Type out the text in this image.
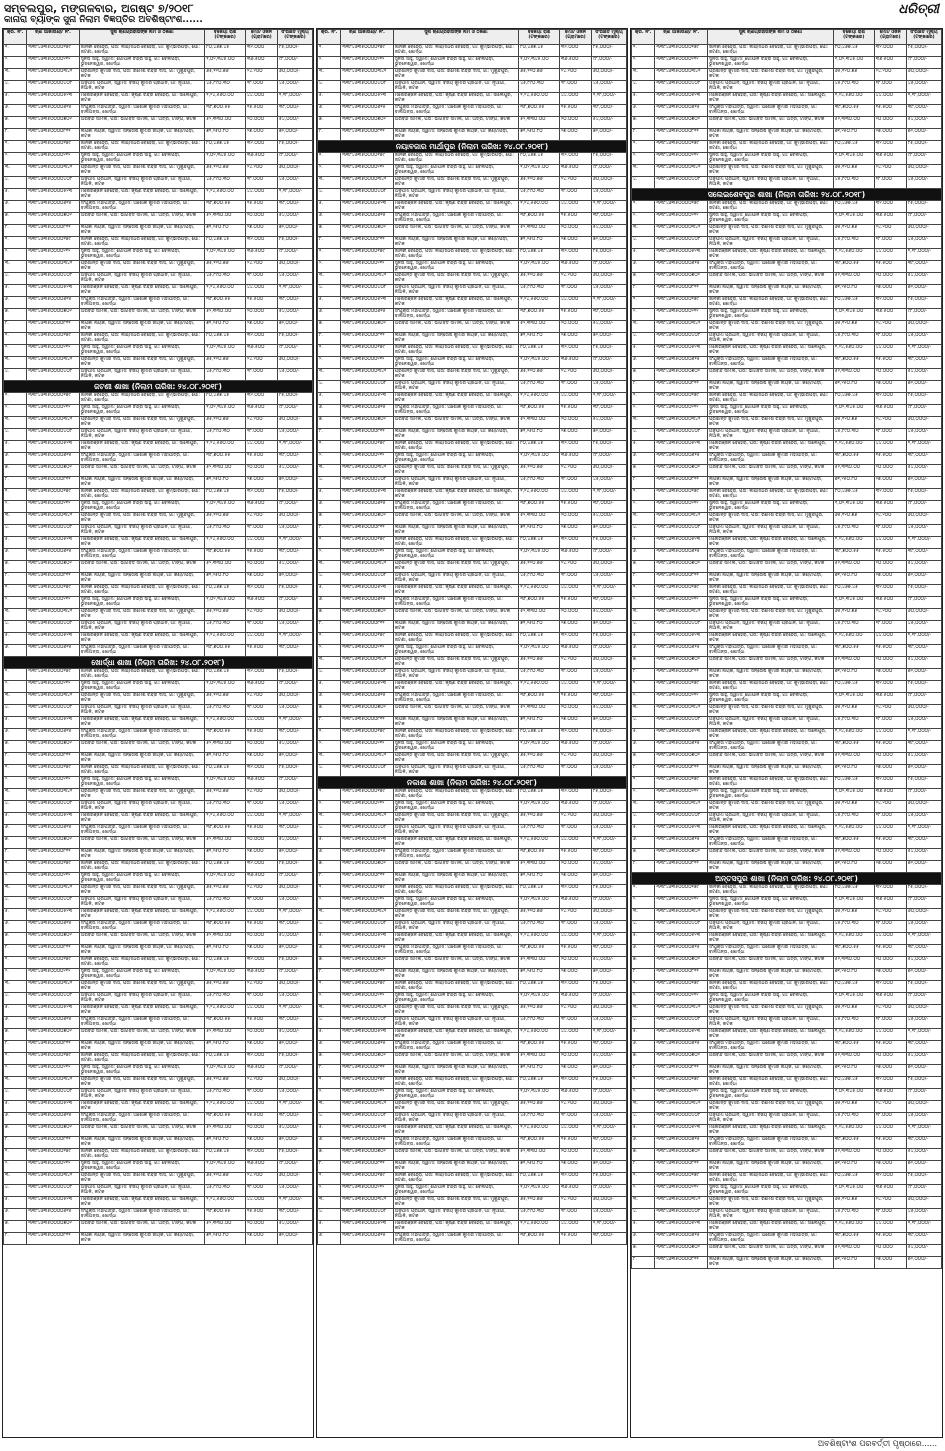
ସମ୍ବଲପୁର, ମଙ୍ଗଳବାର, ଅଗଷ୍ଟ ୭/୨୦୧୮
କାନାରା ବ୍ୟାଙ୍କ ସୁନା ନିଲାମ ବିଜ୍ଞପ୍ତିର ଅବଶିଷ୍ଟାଂଶ......
ଧରିତ୍ରୀ
କ୍ର. ନଂ.	ଋଣ ଆକାଉଣ୍ଟ ନଂ.	ସୁନା ଋଣଗ୍ରହୀତାଙ୍କ ନାମ ଓ ଠିକଣା	ବକେୟା ରାଶି (ଟଙ୍କାରେ)	ମୋଟ ଓଜନ (ଗ୍ରାମରେ)	ସଂରକ୍ଷିତ ମୂଲ୍ୟ (ଟଙ୍କାରେ)
୧.	୩୩୮୪୬୩୫୦୦୦୦୧୭୯	ଜାନକୀ ବେହେରା, ପିତା: ଲକ୍ଷ୍ମୀଧର ବେହେରା, ଗାଁ: କୁମ୍ଭାରପଡ଼ା, ପୋ: ଜଟଣୀ, ଖୋର୍ଦ୍ଧା	୮୦,୪୬୭.୪୫	୩୨.୦୦୦	୮୫,୦୦୦/-
୨.	୩୩୮୪୬୩୫୦୦୦୦୨୧୨	ସୁନିତା ସାହୁ, ସ୍ୱାମୀ: ଗୋପାଳ ଚନ୍ଦ୍ର ସାହୁ, ଗାଁ: ବେଲପଡ଼ା, ଭୁବନେଶ୍ୱର, ଖୋର୍ଦ୍ଧା	୧,୦୨,୩୪୫.୦୦	୩୬.୫୦୦	୯୮,୦୦୦/-
୩.	୩୩୮୪୬୩୫୦୦୦୦୩୪୧	ପ୍ରଶାନ୍ତ କୁମାର ଦାସ, ପିତା: ରମେଶ ଚନ୍ଦ୍ର ଦାସ, ଗାଁ: ମୁକୁନ୍ଦପୁର, କଟକ	୬୫,୧୨୦.୭୬	୨୪.୨୦୦	୬୦,୦୦୦/-
୪.	୩୩୮୪୬୩୫୦୦୦୦୪୦୮	ଅନୁପମା ପ୍ରଧାନ, ସ୍ୱାମୀ: ବିଜୟ କୁମାର ପ୍ରଧାନ, ଗାଁ: ନୂଆଗାଁ, ନିଆଳି, କଟକ	୪୫,୮୯୦.୩୦	୧୮.୦୦୦	୪୫,୦୦୦/-
୫.	୩୩୮୪୬୩୫୦୦୦୦୫୨୩	ମନୋରଞ୍ଜନ ବେହେରା, ପିତା: କୃଷ୍ଣ ଚନ୍ଦ୍ର ବେହେରା, ଗାଁ: ସାଲେପୁର, କଟକ	୧,୨୪,୫୬୦.୦୦	୪୪.୦୦୦	୧,୧୮,୦୦୦/-
୬.	୩୩୮୪୬୩୫୦୦୦୦୬୧୫	ସଂଯୁକ୍ତା ମହାପାତ୍ର, ସ୍ୱାମୀ: ଅଶୋକ କୁମାର ମହାପାତ୍ର, ଗାଁ: ବାଲିଅନ୍ତା, ଖୋର୍ଦ୍ଧା	୩୮,୭୦୦.୫୫	୧୫.୫୦୦	୩୮,୦୦୦/-
୭.	୩୩୮୪୬୩୫୦୦୦୦୭୦୨	ଅରବିନ୍ଦ ସାମଲ, ପିତା: ଭାଗବତ ସାମଲ, ଗାଁ: ଅତ୍ରି, ଟାଙ୍ଗି, କଟକ	୫୨,୩୩୦.୦୦	୨୦.୦୦୦	୫୪,୦୦୦/-
୮.	୩୩୮୪୬୩୫୦୦୦୦୮୧୧	ଲିପିକା ନାୟକ, ସ୍ୱାମୀ: ସନ୍ତୋଷ କୁମାର ନାୟକ, ଗାଁ: କଣ୍ଟାପଡ଼ା, କଟକ	୭୧,୨୫୦.୮୦	୨୭.୦୦୦	୭୨,୦୦୦/-
୧.	୩୩୮୪୬୩୫୦୦୦୦୧୭୯	ଜାନକୀ ବେହେରା, ପିତା: ଲକ୍ଷ୍ମୀଧର ବେହେରା, ଗାଁ: କୁମ୍ଭାରପଡ଼ା, ପୋ: ଜଟଣୀ, ଖୋର୍ଦ୍ଧା	୮୦,୪୬୭.୪୫	୩୨.୦୦୦	୮୫,୦୦୦/-
୨.	୩୩୮୪୬୩୫୦୦୦୦୨୧୨	ସୁନିତା ସାହୁ, ସ୍ୱାମୀ: ଗୋପାଳ ଚନ୍ଦ୍ର ସାହୁ, ଗାଁ: ବେଲପଡ଼ା, ଭୁବନେଶ୍ୱର, ଖୋର୍ଦ୍ଧା	୧,୦୨,୩୪୫.୦୦	୩୬.୫୦୦	୯୮,୦୦୦/-
୩.	୩୩୮୪୬୩୫୦୦୦୦୩୪୧	ପ୍ରଶାନ୍ତ କୁମାର ଦାସ, ପିତା: ରମେଶ ଚନ୍ଦ୍ର ଦାସ, ଗାଁ: ମୁକୁନ୍ଦପୁର, କଟକ	୬୫,୧୨୦.୭୬	୨୪.୨୦୦	୬୦,୦୦୦/-
୪.	୩୩୮୪୬୩୫୦୦୦୦୪୦୮	ଅନୁପମା ପ୍ରଧାନ, ସ୍ୱାମୀ: ବିଜୟ କୁମାର ପ୍ରଧାନ, ଗାଁ: ନୂଆଗାଁ, ନିଆଳି, କଟକ	୪୫,୮୯୦.୩୦	୧୮.୦୦୦	୪୫,୦୦୦/-
୫.	୩୩୮୪୬୩୫୦୦୦୦୫୨୩	ମନୋରଞ୍ଜନ ବେହେରା, ପିତା: କୃଷ୍ଣ ଚନ୍ଦ୍ର ବେହେରା, ଗାଁ: ସାଲେପୁର, କଟକ	୧,୨୪,୫୬୦.୦୦	୪୪.୦୦୦	୧,୧୮,୦୦୦/-
୬.	୩୩୮୪୬୩୫୦୦୦୦୬୧୫	ସଂଯୁକ୍ତା ମହାପାତ୍ର, ସ୍ୱାମୀ: ଅଶୋକ କୁମାର ମହାପାତ୍ର, ଗାଁ: ବାଲିଅନ୍ତା, ଖୋର୍ଦ୍ଧା	୩୮,୭୦୦.୫୫	୧୫.୫୦୦	୩୮,୦୦୦/-
୭.	୩୩୮୪୬୩୫୦୦୦୦୭୦୨	ଅରବିନ୍ଦ ସାମଲ, ପିତା: ଭାଗବତ ସାମଲ, ଗାଁ: ଅତ୍ରି, ଟାଙ୍ଗି, କଟକ	୫୨,୩୩୦.୦୦	୨୦.୦୦୦	୫୪,୦୦୦/-
୮.	୩୩୮୪୬୩୫୦୦୦୦୮୧୧	ଲିପିକା ନାୟକ, ସ୍ୱାମୀ: ସନ୍ତୋଷ କୁମାର ନାୟକ, ଗାଁ: କଣ୍ଟାପଡ଼ା, କଟକ	୭୧,୨୫୦.୮୦	୨୭.୦୦୦	୭୨,୦୦୦/-
୧.	୩୩୮୪୬୩୫୦୦୦୦୧୭୯	ଜାନକୀ ବେହେରା, ପିତା: ଲକ୍ଷ୍ମୀଧର ବେହେରା, ଗାଁ: କୁମ୍ଭାରପଡ଼ା, ପୋ: ଜଟଣୀ, ଖୋର୍ଦ୍ଧା	୮୦,୪୬୭.୪୫	୩୨.୦୦୦	୮୫,୦୦୦/-
୨.	୩୩୮୪୬୩୫୦୦୦୦୨୧୨	ସୁନିତା ସାହୁ, ସ୍ୱାମୀ: ଗୋପାଳ ଚନ୍ଦ୍ର ସାହୁ, ଗାଁ: ବେଲପଡ଼ା, ଭୁବନେଶ୍ୱର, ଖୋର୍ଦ୍ଧା	୧,୦୨,୩୪୫.୦୦	୩୬.୫୦୦	୯୮,୦୦୦/-
୩.	୩୩୮୪୬୩୫୦୦୦୦୩୪୧	ପ୍ରଶାନ୍ତ କୁମାର ଦାସ, ପିତା: ରମେଶ ଚନ୍ଦ୍ର ଦାସ, ଗାଁ: ମୁକୁନ୍ଦପୁର, କଟକ	୬୫,୧୨୦.୭୬	୨୪.୨୦୦	୬୦,୦୦୦/-
୪.	୩୩୮୪୬୩୫୦୦୦୦୪୦୮	ଅନୁପମା ପ୍ରଧାନ, ସ୍ୱାମୀ: ବିଜୟ କୁମାର ପ୍ରଧାନ, ଗାଁ: ନୂଆଗାଁ, ନିଆଳି, କଟକ	୪୫,୮୯୦.୩୦	୧୮.୦୦୦	୪୫,୦୦୦/-
୫.	୩୩୮୪୬୩୫୦୦୦୦୫୨୩	ମନୋରଞ୍ଜନ ବେହେରା, ପିତା: କୃଷ୍ଣ ଚନ୍ଦ୍ର ବେହେରା, ଗାଁ: ସାଲେପୁର, କଟକ	୧,୨୪,୫୬୦.୦୦	୪୪.୦୦୦	୧,୧୮,୦୦୦/-
୬.	୩୩୮୪୬୩୫୦୦୦୦୬୧୫	ସଂଯୁକ୍ତା ମହାପାତ୍ର, ସ୍ୱାମୀ: ଅଶୋକ କୁମାର ମହାପାତ୍ର, ଗାଁ: ବାଲିଅନ୍ତା, ଖୋର୍ଦ୍ଧା	୩୮,୭୦୦.୫୫	୧୫.୫୦୦	୩୮,୦୦୦/-
୭.	୩୩୮୪୬୩୫୦୦୦୦୭୦୨	ଅରବିନ୍ଦ ସାମଲ, ପିତା: ଭାଗବତ ସାମଲ, ଗାଁ: ଅତ୍ରି, ଟାଙ୍ଗି, କଟକ	୫୨,୩୩୦.୦୦	୨୦.୦୦୦	୫୪,୦୦୦/-
୮.	୩୩୮୪୬୩୫୦୦୦୦୮୧୧	ଲିପିକା ନାୟକ, ସ୍ୱାମୀ: ସନ୍ତୋଷ କୁମାର ନାୟକ, ଗାଁ: କଣ୍ଟାପଡ଼ା, କଟକ	୭୧,୨୫୦.୮୦	୨୭.୦୦୦	୭୨,୦୦୦/-
୧.	୩୩୮୪୬୩୫୦୦୦୦୧୭୯	ଜାନକୀ ବେହେରା, ପିତା: ଲକ୍ଷ୍ମୀଧର ବେହେରା, ଗାଁ: କୁମ୍ଭାରପଡ଼ା, ପୋ: ଜଟଣୀ, ଖୋର୍ଦ୍ଧା	୮୦,୪୬୭.୪୫	୩୨.୦୦୦	୮୫,୦୦୦/-
୨.	୩୩୮୪୬୩୫୦୦୦୦୨୧୨	ସୁନିତା ସାହୁ, ସ୍ୱାମୀ: ଗୋପାଳ ଚନ୍ଦ୍ର ସାହୁ, ଗାଁ: ବେଲପଡ଼ା, ଭୁବନେଶ୍ୱର, ଖୋର୍ଦ୍ଧା	୧,୦୨,୩୪୫.୦୦	୩୬.୫୦୦	୯୮,୦୦୦/-
୩.	୩୩୮୪୬୩୫୦୦୦୦୩୪୧	ପ୍ରଶାନ୍ତ କୁମାର ଦାସ, ପିତା: ରମେଶ ଚନ୍ଦ୍ର ଦାସ, ଗାଁ: ମୁକୁନ୍ଦପୁର, କଟକ	୬୫,୧୨୦.୭୬	୨୪.୨୦୦	୬୦,୦୦୦/-
୪.	୩୩୮୪୬୩୫୦୦୦୦୪୦୮	ଅନୁପମା ପ୍ରଧାନ, ସ୍ୱାମୀ: ବିଜୟ କୁମାର ପ୍ରଧାନ, ଗାଁ: ନୂଆଗାଁ, ନିଆଳି, କଟକ	୪୫,୮୯୦.୩୦	୧୮.୦୦୦	୪୫,୦୦୦/-
ଜଟଣୀ ଶାଖା (ନିଲାମ ତାରିଖ: ୨୪.୦୮.୨୦୧୮)					
୧.	୩୩୮୪୬୩୫୦୦୦୦୧୭୯	ଜାନକୀ ବେହେରା, ପିତା: ଲକ୍ଷ୍ମୀଧର ବେହେରା, ଗାଁ: କୁମ୍ଭାରପଡ଼ା, ପୋ: ଜଟଣୀ, ଖୋର୍ଦ୍ଧା	୮୦,୪୬୭.୪୫	୩୨.୦୦୦	୮୫,୦୦୦/-
୨.	୩୩୮୪୬୩୫୦୦୦୦୨୧୨	ସୁନିତା ସାହୁ, ସ୍ୱାମୀ: ଗୋପାଳ ଚନ୍ଦ୍ର ସାହୁ, ଗାଁ: ବେଲପଡ଼ା, ଭୁବନେଶ୍ୱର, ଖୋର୍ଦ୍ଧା	୧,୦୨,୩୪୫.୦୦	୩୬.୫୦୦	୯୮,୦୦୦/-
୩.	୩୩୮୪୬୩୫୦୦୦୦୩୪୧	ପ୍ରଶାନ୍ତ କୁମାର ଦାସ, ପିତା: ରମେଶ ଚନ୍ଦ୍ର ଦାସ, ଗାଁ: ମୁକୁନ୍ଦପୁର, କଟକ	୬୫,୧୨୦.୭୬	୨୪.୨୦୦	୬୦,୦୦୦/-
୪.	୩୩୮୪୬୩୫୦୦୦୦୪୦୮	ଅନୁପମା ପ୍ରଧାନ, ସ୍ୱାମୀ: ବିଜୟ କୁମାର ପ୍ରଧାନ, ଗାଁ: ନୂଆଗାଁ, ନିଆଳି, କଟକ	୪୫,୮୯୦.୩୦	୧୮.୦୦୦	୪୫,୦୦୦/-
୫.	୩୩୮୪୬୩୫୦୦୦୦୫୨୩	ମନୋରଞ୍ଜନ ବେହେରା, ପିତା: କୃଷ୍ଣ ଚନ୍ଦ୍ର ବେହେରା, ଗାଁ: ସାଲେପୁର, କଟକ	୧,୨୪,୫୬୦.୦୦	୪୪.୦୦୦	୧,୧୮,୦୦୦/-
୬.	୩୩୮୪୬୩୫୦୦୦୦୬୧୫	ସଂଯୁକ୍ତା ମହାପାତ୍ର, ସ୍ୱାମୀ: ଅଶୋକ କୁମାର ମହାପାତ୍ର, ଗାଁ: ବାଲିଅନ୍ତା, ଖୋର୍ଦ୍ଧା	୩୮,୭୦୦.୫୫	୧୫.୫୦୦	୩୮,୦୦୦/-
୭.	୩୩୮୪୬୩୫୦୦୦୦୭୦୨	ଅରବିନ୍ଦ ସାମଲ, ପିତା: ଭାଗବତ ସାମଲ, ଗାଁ: ଅତ୍ରି, ଟାଙ୍ଗି, କଟକ	୫୨,୩୩୦.୦୦	୨୦.୦୦୦	୫୪,୦୦୦/-
୮.	୩୩୮୪୬୩୫୦୦୦୦୮୧୧	ଲିପିକା ନାୟକ, ସ୍ୱାମୀ: ସନ୍ତୋଷ କୁମାର ନାୟକ, ଗାଁ: କଣ୍ଟାପଡ଼ା, କଟକ	୭୧,୨୫୦.୮୦	୨୭.୦୦୦	୭୨,୦୦୦/-
୧.	୩୩୮୪୬୩୫୦୦୦୦୧୭୯	ଜାନକୀ ବେହେରା, ପିତା: ଲକ୍ଷ୍ମୀଧର ବେହେରା, ଗାଁ: କୁମ୍ଭାରପଡ଼ା, ପୋ: ଜଟଣୀ, ଖୋର୍ଦ୍ଧା	୮୦,୪୬୭.୪୫	୩୨.୦୦୦	୮୫,୦୦୦/-
୨.	୩୩୮୪୬୩୫୦୦୦୦୨୧୨	ସୁନିତା ସାହୁ, ସ୍ୱାମୀ: ଗୋପାଳ ଚନ୍ଦ୍ର ସାହୁ, ଗାଁ: ବେଲପଡ଼ା, ଭୁବନେଶ୍ୱର, ଖୋର୍ଦ୍ଧା	୧,୦୨,୩୪୫.୦୦	୩୬.୫୦୦	୯୮,୦୦୦/-
୩.	୩୩୮୪୬୩୫୦୦୦୦୩୪୧	ପ୍ରଶାନ୍ତ କୁମାର ଦାସ, ପିତା: ରମେଶ ଚନ୍ଦ୍ର ଦାସ, ଗାଁ: ମୁକୁନ୍ଦପୁର, କଟକ	୬୫,୧୨୦.୭୬	୨୪.୨୦୦	୬୦,୦୦୦/-
୪.	୩୩୮୪୬୩୫୦୦୦୦୪୦୮	ଅନୁପମା ପ୍ରଧାନ, ସ୍ୱାମୀ: ବିଜୟ କୁମାର ପ୍ରଧାନ, ଗାଁ: ନୂଆଗାଁ, ନିଆଳି, କଟକ	୪୫,୮୯୦.୩୦	୧୮.୦୦୦	୪୫,୦୦୦/-
୫.	୩୩୮୪୬୩୫୦୦୦୦୫୨୩	ମନୋରଞ୍ଜନ ବେହେରା, ପିତା: କୃଷ୍ଣ ଚନ୍ଦ୍ର ବେହେରା, ଗାଁ: ସାଲେପୁର, କଟକ	୧,୨୪,୫୬୦.୦୦	୪୪.୦୦୦	୧,୧୮,୦୦୦/-
୬.	୩୩୮୪୬୩୫୦୦୦୦୬୧୫	ସଂଯୁକ୍ତା ମହାପାତ୍ର, ସ୍ୱାମୀ: ଅଶୋକ କୁମାର ମହାପାତ୍ର, ଗାଁ: ବାଲିଅନ୍ତା, ଖୋର୍ଦ୍ଧା	୩୮,୭୦୦.୫୫	୧୫.୫୦୦	୩୮,୦୦୦/-
୭.	୩୩୮୪୬୩୫୦୦୦୦୭୦୨	ଅରବିନ୍ଦ ସାମଲ, ପିତା: ଭାଗବତ ସାମଲ, ଗାଁ: ଅତ୍ରି, ଟାଙ୍ଗି, କଟକ	୫୨,୩୩୦.୦୦	୨୦.୦୦୦	୫୪,୦୦୦/-
୮.	୩୩୮୪୬୩୫୦୦୦୦୮୧୧	ଲିପିକା ନାୟକ, ସ୍ୱାମୀ: ସନ୍ତୋଷ କୁମାର ନାୟକ, ଗାଁ: କଣ୍ଟାପଡ଼ା, କଟକ	୭୧,୨୫୦.୮୦	୨୭.୦୦୦	୭୨,୦୦୦/-
୧.	୩୩୮୪୬୩୫୦୦୦୦୧୭୯	ଜାନକୀ ବେହେରା, ପିତା: ଲକ୍ଷ୍ମୀଧର ବେହେରା, ଗାଁ: କୁମ୍ଭାରପଡ଼ା, ପୋ: ଜଟଣୀ, ଖୋର୍ଦ୍ଧା	୮୦,୪୬୭.୪୫	୩୨.୦୦୦	୮୫,୦୦୦/-
୨.	୩୩୮୪୬୩୫୦୦୦୦୨୧୨	ସୁନିତା ସାହୁ, ସ୍ୱାମୀ: ଗୋପାଳ ଚନ୍ଦ୍ର ସାହୁ, ଗାଁ: ବେଲପଡ଼ା, ଭୁବନେଶ୍ୱର, ଖୋର୍ଦ୍ଧା	୧,୦୨,୩୪୫.୦୦	୩୬.୫୦୦	୯୮,୦୦୦/-
୩.	୩୩୮୪୬୩୫୦୦୦୦୩୪୧	ପ୍ରଶାନ୍ତ କୁମାର ଦାସ, ପିତା: ରମେଶ ଚନ୍ଦ୍ର ଦାସ, ଗାଁ: ମୁକୁନ୍ଦପୁର, କଟକ	୬୫,୧୨୦.୭୬	୨୪.୨୦୦	୬୦,୦୦୦/-
୪.	୩୩୮୪୬୩୫୦୦୦୦୪୦୮	ଅନୁପମା ପ୍ରଧାନ, ସ୍ୱାମୀ: ବିଜୟ କୁମାର ପ୍ରଧାନ, ଗାଁ: ନୂଆଗାଁ, ନିଆଳି, କଟକ	୪୫,୮୯୦.୩୦	୧୮.୦୦୦	୪୫,୦୦୦/-
୫.	୩୩୮୪୬୩୫୦୦୦୦୫୨୩	ମନୋରଞ୍ଜନ ବେହେରା, ପିତା: କୃଷ୍ଣ ଚନ୍ଦ୍ର ବେହେରା, ଗାଁ: ସାଲେପୁର, କଟକ	୧,୨୪,୫୬୦.୦୦	୪୪.୦୦୦	୧,୧୮,୦୦୦/-
୬.	୩୩୮୪୬୩୫୦୦୦୦୬୧୫	ସଂଯୁକ୍ତା ମହାପାତ୍ର, ସ୍ୱାମୀ: ଅଶୋକ କୁମାର ମହାପାତ୍ର, ଗାଁ: ବାଲିଅନ୍ତା, ଖୋର୍ଦ୍ଧା	୩୮,୭୦୦.୫୫	୧୫.୫୦୦	୩୮,୦୦୦/-
ଖୋର୍ଦ୍ଧା ଶାଖା (ନିଲାମ ତାରିଖ: ୨୪.୦୮.୨୦୧୮)					
୧.	୩୩୮୪୬୩୫୦୦୦୦୧୭୯	ଜାନକୀ ବେହେରା, ପିତା: ଲକ୍ଷ୍ମୀଧର ବେହେରା, ଗାଁ: କୁମ୍ଭାରପଡ଼ା, ପୋ: ଜଟଣୀ, ଖୋର୍ଦ୍ଧା	୮୦,୪୬୭.୪୫	୩୨.୦୦୦	୮୫,୦୦୦/-
୨.	୩୩୮୪୬୩୫୦୦୦୦୨୧୨	ସୁନିତା ସାହୁ, ସ୍ୱାମୀ: ଗୋପାଳ ଚନ୍ଦ୍ର ସାହୁ, ଗାଁ: ବେଲପଡ଼ା, ଭୁବନେଶ୍ୱର, ଖୋର୍ଦ୍ଧା	୧,୦୨,୩୪୫.୦୦	୩୬.୫୦୦	୯୮,୦୦୦/-
୩.	୩୩୮୪୬୩୫୦୦୦୦୩୪୧	ପ୍ରଶାନ୍ତ କୁମାର ଦାସ, ପିତା: ରମେଶ ଚନ୍ଦ୍ର ଦାସ, ଗାଁ: ମୁକୁନ୍ଦପୁର, କଟକ	୬୫,୧୨୦.୭୬	୨୪.୨୦୦	୬୦,୦୦୦/-
୪.	୩୩୮୪୬୩୫୦୦୦୦୪୦୮	ଅନୁପମା ପ୍ରଧାନ, ସ୍ୱାମୀ: ବିଜୟ କୁମାର ପ୍ରଧାନ, ଗାଁ: ନୂଆଗାଁ, ନିଆଳି, କଟକ	୪୫,୮୯୦.୩୦	୧୮.୦୦୦	୪୫,୦୦୦/-
୫.	୩୩୮୪୬୩୫୦୦୦୦୫୨୩	ମନୋରଞ୍ଜନ ବେହେରା, ପିତା: କୃଷ୍ଣ ଚନ୍ଦ୍ର ବେହେରା, ଗାଁ: ସାଲେପୁର, କଟକ	୧,୨୪,୫୬୦.୦୦	୪୪.୦୦୦	୧,୧୮,୦୦୦/-
୬.	୩୩୮୪୬୩୫୦୦୦୦୬୧୫	ସଂଯୁକ୍ତା ମହାପାତ୍ର, ସ୍ୱାମୀ: ଅଶୋକ କୁମାର ମହାପାତ୍ର, ଗାଁ: ବାଲିଅନ୍ତା, ଖୋର୍ଦ୍ଧା	୩୮,୭୦୦.୫୫	୧୫.୫୦୦	୩୮,୦୦୦/-
୭.	୩୩୮୪୬୩୫୦୦୦୦୭୦୨	ଅରବିନ୍ଦ ସାମଲ, ପିତା: ଭାଗବତ ସାମଲ, ଗାଁ: ଅତ୍ରି, ଟାଙ୍ଗି, କଟକ	୫୨,୩୩୦.୦୦	୨୦.୦୦୦	୫୪,୦୦୦/-
୮.	୩୩୮୪୬୩୫୦୦୦୦୮୧୧	ଲିପିକା ନାୟକ, ସ୍ୱାମୀ: ସନ୍ତୋଷ କୁମାର ନାୟକ, ଗାଁ: କଣ୍ଟାପଡ଼ା, କଟକ	୭୧,୨୫୦.୮୦	୨୭.୦୦୦	୭୨,୦୦୦/-
୧.	୩୩୮୪୬୩୫୦୦୦୦୧୭୯	ଜାନକୀ ବେହେରା, ପିତା: ଲକ୍ଷ୍ମୀଧର ବେହେରା, ଗାଁ: କୁମ୍ଭାରପଡ଼ା, ପୋ: ଜଟଣୀ, ଖୋର୍ଦ୍ଧା	୮୦,୪୬୭.୪୫	୩୨.୦୦୦	୮୫,୦୦୦/-
୨.	୩୩୮୪୬୩୫୦୦୦୦୨୧୨	ସୁନିତା ସାହୁ, ସ୍ୱାମୀ: ଗୋପାଳ ଚନ୍ଦ୍ର ସାହୁ, ଗାଁ: ବେଲପଡ଼ା, ଭୁବନେଶ୍ୱର, ଖୋର୍ଦ୍ଧା	୧,୦୨,୩୪୫.୦୦	୩୬.୫୦୦	୯୮,୦୦୦/-
୩.	୩୩୮୪୬୩୫୦୦୦୦୩୪୧	ପ୍ରଶାନ୍ତ କୁମାର ଦାସ, ପିତା: ରମେଶ ଚନ୍ଦ୍ର ଦାସ, ଗାଁ: ମୁକୁନ୍ଦପୁର, କଟକ	୬୫,୧୨୦.୭୬	୨୪.୨୦୦	୬୦,୦୦୦/-
୪.	୩୩୮୪୬୩୫୦୦୦୦୪୦୮	ଅନୁପମା ପ୍ରଧାନ, ସ୍ୱାମୀ: ବିଜୟ କୁମାର ପ୍ରଧାନ, ଗାଁ: ନୂଆଗାଁ, ନିଆଳି, କଟକ	୪୫,୮୯୦.୩୦	୧୮.୦୦୦	୪୫,୦୦୦/-
୫.	୩୩୮୪୬୩୫୦୦୦୦୫୨୩	ମନୋରଞ୍ଜନ ବେହେରା, ପିତା: କୃଷ୍ଣ ଚନ୍ଦ୍ର ବେହେରା, ଗାଁ: ସାଲେପୁର, କଟକ	୧,୨୪,୫୬୦.୦୦	୪୪.୦୦୦	୧,୧୮,୦୦୦/-
୬.	୩୩୮୪୬୩୫୦୦୦୦୬୧୫	ସଂଯୁକ୍ତା ମହାପାତ୍ର, ସ୍ୱାମୀ: ଅଶୋକ କୁମାର ମହାପାତ୍ର, ଗାଁ: ବାଲିଅନ୍ତା, ଖୋର୍ଦ୍ଧା	୩୮,୭୦୦.୫୫	୧୫.୫୦୦	୩୮,୦୦୦/-
୭.	୩୩୮୪୬୩୫୦୦୦୦୭୦୨	ଅରବିନ୍ଦ ସାମଲ, ପିତା: ଭାଗବତ ସାମଲ, ଗାଁ: ଅତ୍ରି, ଟାଙ୍ଗି, କଟକ	୫୨,୩୩୦.୦୦	୨୦.୦୦୦	୫୪,୦୦୦/-
୮.	୩୩୮୪୬୩୫୦୦୦୦୮୧୧	ଲିପିକା ନାୟକ, ସ୍ୱାମୀ: ସନ୍ତୋଷ କୁମାର ନାୟକ, ଗାଁ: କଣ୍ଟାପଡ଼ା, କଟକ	୭୧,୨୫୦.୮୦	୨୭.୦୦୦	୭୨,୦୦୦/-
୧.	୩୩୮୪୬୩୫୦୦୦୦୧୭୯	ଜାନକୀ ବେହେରା, ପିତା: ଲକ୍ଷ୍ମୀଧର ବେହେରା, ଗାଁ: କୁମ୍ଭାରପଡ଼ା, ପୋ: ଜଟଣୀ, ଖୋର୍ଦ୍ଧା	୮୦,୪୬୭.୪୫	୩୨.୦୦୦	୮୫,୦୦୦/-
୨.	୩୩୮୪୬୩୫୦୦୦୦୨୧୨	ସୁନିତା ସାହୁ, ସ୍ୱାମୀ: ଗୋପାଳ ଚନ୍ଦ୍ର ସାହୁ, ଗାଁ: ବେଲପଡ଼ା, ଭୁବନେଶ୍ୱର, ଖୋର୍ଦ୍ଧା	୧,୦୨,୩୪୫.୦୦	୩୬.୫୦୦	୯୮,୦୦୦/-
୩.	୩୩୮୪୬୩୫୦୦୦୦୩୪୧	ପ୍ରଶାନ୍ତ କୁମାର ଦାସ, ପିତା: ରମେଶ ଚନ୍ଦ୍ର ଦାସ, ଗାଁ: ମୁକୁନ୍ଦପୁର, କଟକ	୬୫,୧୨୦.୭୬	୨୪.୨୦୦	୬୦,୦୦୦/-
୪.	୩୩୮୪୬୩୫୦୦୦୦୪୦୮	ଅନୁପମା ପ୍ରଧାନ, ସ୍ୱାମୀ: ବିଜୟ କୁମାର ପ୍ରଧାନ, ଗାଁ: ନୂଆଗାଁ, ନିଆଳି, କଟକ	୪୫,୮୯୦.୩୦	୧୮.୦୦୦	୪୫,୦୦୦/-
୫.	୩୩୮୪୬୩୫୦୦୦୦୫୨୩	ମନୋରଞ୍ଜନ ବେହେରା, ପିତା: କୃଷ୍ଣ ଚନ୍ଦ୍ର ବେହେରା, ଗାଁ: ସାଲେପୁର, କଟକ	୧,୨୪,୫୬୦.୦୦	୪୪.୦୦୦	୧,୧୮,୦୦୦/-
୬.	୩୩୮୪୬୩୫୦୦୦୦୬୧୫	ସଂଯୁକ୍ତା ମହାପାତ୍ର, ସ୍ୱାମୀ: ଅଶୋକ କୁମାର ମହାପାତ୍ର, ଗାଁ: ବାଲିଅନ୍ତା, ଖୋର୍ଦ୍ଧା	୩୮,୭୦୦.୫୫	୧୫.୫୦୦	୩୮,୦୦୦/-
୭.	୩୩୮୪୬୩୫୦୦୦୦୭୦୨	ଅରବିନ୍ଦ ସାମଲ, ପିତା: ଭାଗବତ ସାମଲ, ଗାଁ: ଅତ୍ରି, ଟାଙ୍ଗି, କଟକ	୫୨,୩୩୦.୦୦	୨୦.୦୦୦	୫୪,୦୦୦/-
୮.	୩୩୮୪୬୩୫୦୦୦୦୮୧୧	ଲିପିକା ନାୟକ, ସ୍ୱାମୀ: ସନ୍ତୋଷ କୁମାର ନାୟକ, ଗାଁ: କଣ୍ଟାପଡ଼ା, କଟକ	୭୧,୨୫୦.୮୦	୨୭.୦୦୦	୭୨,୦୦୦/-
୧.	୩୩୮୪୬୩୫୦୦୦୦୧୭୯	ଜାନକୀ ବେହେରା, ପିତା: ଲକ୍ଷ୍ମୀଧର ବେହେରା, ଗାଁ: କୁମ୍ଭାରପଡ଼ା, ପୋ: ଜଟଣୀ, ଖୋର୍ଦ୍ଧା	୮୦,୪୬୭.୪୫	୩୨.୦୦୦	୮୫,୦୦୦/-
୨.	୩୩୮୪୬୩୫୦୦୦୦୨୧୨	ସୁନିତା ସାହୁ, ସ୍ୱାମୀ: ଗୋପାଳ ଚନ୍ଦ୍ର ସାହୁ, ଗାଁ: ବେଲପଡ଼ା, ଭୁବନେଶ୍ୱର, ଖୋର୍ଦ୍ଧା	୧,୦୨,୩୪୫.୦୦	୩୬.୫୦୦	୯୮,୦୦୦/-
୩.	୩୩୮୪୬୩୫୦୦୦୦୩୪୧	ପ୍ରଶାନ୍ତ କୁମାର ଦାସ, ପିତା: ରମେଶ ଚନ୍ଦ୍ର ଦାସ, ଗାଁ: ମୁକୁନ୍ଦପୁର, କଟକ	୬୫,୧୨୦.୭୬	୨୪.୨୦୦	୬୦,୦୦୦/-
୪.	୩୩୮୪୬୩୫୦୦୦୦୪୦୮	ଅନୁପମା ପ୍ରଧାନ, ସ୍ୱାମୀ: ବିଜୟ କୁମାର ପ୍ରଧାନ, ଗାଁ: ନୂଆଗାଁ, ନିଆଳି, କଟକ	୪୫,୮୯୦.୩୦	୧୮.୦୦୦	୪୫,୦୦୦/-
୫.	୩୩୮୪୬୩୫୦୦୦୦୫୨୩	ମନୋରଞ୍ଜନ ବେହେରା, ପିତା: କୃଷ୍ଣ ଚନ୍ଦ୍ର ବେହେରା, ଗାଁ: ସାଲେପୁର, କଟକ	୧,୨୪,୫୬୦.୦୦	୪୪.୦୦୦	୧,୧୮,୦୦୦/-
୬.	୩୩୮୪୬୩୫୦୦୦୦୬୧୫	ସଂଯୁକ୍ତା ମହାପାତ୍ର, ସ୍ୱାମୀ: ଅଶୋକ କୁମାର ମହାପାତ୍ର, ଗାଁ: ବାଲିଅନ୍ତା, ଖୋର୍ଦ୍ଧା	୩୮,୭୦୦.୫୫	୧୫.୫୦୦	୩୮,୦୦୦/-
୭.	୩୩୮୪୬୩୫୦୦୦୦୭୦୨	ଅରବିନ୍ଦ ସାମଲ, ପିତା: ଭାଗବତ ସାମଲ, ଗାଁ: ଅତ୍ରି, ଟାଙ୍ଗି, କଟକ	୫୨,୩୩୦.୦୦	୨୦.୦୦୦	୫୪,୦୦୦/-
୮.	୩୩୮୪୬୩୫୦୦୦୦୮୧୧	ଲିପିକା ନାୟକ, ସ୍ୱାମୀ: ସନ୍ତୋଷ କୁମାର ନାୟକ, ଗାଁ: କଣ୍ଟାପଡ଼ା, କଟକ	୭୧,୨୫୦.୮୦	୨୭.୦୦୦	୭୨,୦୦୦/-
୧.	୩୩୮୪୬୩୫୦୦୦୦୧୭୯	ଜାନକୀ ବେହେରା, ପିତା: ଲକ୍ଷ୍ମୀଧର ବେହେରା, ଗାଁ: କୁମ୍ଭାରପଡ଼ା, ପୋ: ଜଟଣୀ, ଖୋର୍ଦ୍ଧା	୮୦,୪୬୭.୪୫	୩୨.୦୦୦	୮୫,୦୦୦/-
୨.	୩୩୮୪୬୩୫୦୦୦୦୨୧୨	ସୁନିତା ସାହୁ, ସ୍ୱାମୀ: ଗୋପାଳ ଚନ୍ଦ୍ର ସାହୁ, ଗାଁ: ବେଲପଡ଼ା, ଭୁବନେଶ୍ୱର, ଖୋର୍ଦ୍ଧା	୧,୦୨,୩୪୫.୦୦	୩୬.୫୦୦	୯୮,୦୦୦/-
୩.	୩୩୮୪୬୩୫୦୦୦୦୩୪୧	ପ୍ରଶାନ୍ତ କୁମାର ଦାସ, ପିତା: ରମେଶ ଚନ୍ଦ୍ର ଦାସ, ଗାଁ: ମୁକୁନ୍ଦପୁର, କଟକ	୬୫,୧୨୦.୭୬	୨୪.୨୦୦	୬୦,୦୦୦/-
୪.	୩୩୮୪୬୩୫୦୦୦୦୪୦୮	ଅନୁପମା ପ୍ରଧାନ, ସ୍ୱାମୀ: ବିଜୟ କୁମାର ପ୍ରଧାନ, ଗାଁ: ନୂଆଗାଁ, ନିଆଳି, କଟକ	୪୫,୮୯୦.୩୦	୧୮.୦୦୦	୪୫,୦୦୦/-
୫.	୩୩୮୪୬୩୫୦୦୦୦୫୨୩	ମନୋରଞ୍ଜନ ବେହେରା, ପିତା: କୃଷ୍ଣ ଚନ୍ଦ୍ର ବେହେରା, ଗାଁ: ସାଲେପୁର, କଟକ	୧,୨୪,୫୬୦.୦୦	୪୪.୦୦୦	୧,୧୮,୦୦୦/-
୬.	୩୩୮୪୬୩୫୦୦୦୦୬୧୫	ସଂଯୁକ୍ତା ମହାପାତ୍ର, ସ୍ୱାମୀ: ଅଶୋକ କୁମାର ମହାପାତ୍ର, ଗାଁ: ବାଲିଅନ୍ତା, ଖୋର୍ଦ୍ଧା	୩୮,୭୦୦.୫୫	୧୫.୫୦୦	୩୮,୦୦୦/-
୭.	୩୩୮୪୬୩୫୦୦୦୦୭୦୨	ଅରବିନ୍ଦ ସାମଲ, ପିତା: ଭାଗବତ ସାମଲ, ଗାଁ: ଅତ୍ରି, ଟାଙ୍ଗି, କଟକ	୫୨,୩୩୦.୦୦	୨୦.୦୦୦	୫୪,୦୦୦/-
୮.	୩୩୮୪୬୩୫୦୦୦୦୮୧୧	ଲିପିକା ନାୟକ, ସ୍ୱାମୀ: ସନ୍ତୋଷ କୁମାର ନାୟକ, ଗାଁ: କଣ୍ଟାପଡ଼ା, କଟକ	୭୧,୨୫୦.୮୦	୨୭.୦୦୦	୭୨,୦୦୦/-
୧.	୩୩୮୪୬୩୫୦୦୦୦୧୭୯	ଜାନକୀ ବେହେରା, ପିତା: ଲକ୍ଷ୍ମୀଧର ବେହେରା, ଗାଁ: କୁମ୍ଭାରପଡ଼ା, ପୋ: ଜଟଣୀ, ଖୋର୍ଦ୍ଧା	୮୦,୪୬୭.୪୫	୩୨.୦୦୦	୮୫,୦୦୦/-
୨.	୩୩୮୪୬୩୫୦୦୦୦୨୧୨	ସୁନିତା ସାହୁ, ସ୍ୱାମୀ: ଗୋପାଳ ଚନ୍ଦ୍ର ସାହୁ, ଗାଁ: ବେଲପଡ଼ା, ଭୁବନେଶ୍ୱର, ଖୋର୍ଦ୍ଧା	୧,୦୨,୩୪୫.୦୦	୩୬.୫୦୦	୯୮,୦୦୦/-
୩.	୩୩୮୪୬୩୫୦୦୦୦୩୪୧	ପ୍ରଶାନ୍ତ କୁମାର ଦାସ, ପିତା: ରମେଶ ଚନ୍ଦ୍ର ଦାସ, ଗାଁ: ମୁକୁନ୍ଦପୁର, କଟକ	୬୫,୧୨୦.୭୬	୨୪.୨୦୦	୬୦,୦୦୦/-
୪.	୩୩୮୪୬୩୫୦୦୦୦୪୦୮	ଅନୁପମା ପ୍ରଧାନ, ସ୍ୱାମୀ: ବିଜୟ କୁମାର ପ୍ରଧାନ, ଗାଁ: ନୂଆଗାଁ, ନିଆଳି, କଟକ	୪୫,୮୯୦.୩୦	୧୮.୦୦୦	୪୫,୦୦୦/-
୫.	୩୩୮୪୬୩୫୦୦୦୦୫୨୩	ମନୋରଞ୍ଜନ ବେହେରା, ପିତା: କୃଷ୍ଣ ଚନ୍ଦ୍ର ବେହେରା, ଗାଁ: ସାଲେପୁର, କଟକ	୧,୨୪,୫୬୦.୦୦	୪୪.୦୦୦	୧,୧୮,୦୦୦/-
୬.	୩୩୮୪୬୩୫୦୦୦୦୬୧୫	ସଂଯୁକ୍ତା ମହାପାତ୍ର, ସ୍ୱାମୀ: ଅଶୋକ କୁମାର ମହାପାତ୍ର, ଗାଁ: ବାଲିଅନ୍ତା, ଖୋର୍ଦ୍ଧା	୩୮,୭୦୦.୫୫	୧୫.୫୦୦	୩୮,୦୦୦/-
୭.	୩୩୮୪୬୩୫୦୦୦୦୭୦୨	ଅରବିନ୍ଦ ସାମଲ, ପିତା: ଭାଗବତ ସାମଲ, ଗାଁ: ଅତ୍ରି, ଟାଙ୍ଗି, କଟକ	୫୨,୩୩୦.୦୦	୨୦.୦୦୦	୫୪,୦୦୦/-
୮.	୩୩୮୪୬୩୫୦୦୦୦୮୧୧	ଲିପିକା ନାୟକ, ସ୍ୱାମୀ: ସନ୍ତୋଷ କୁମାର ନାୟକ, ଗାଁ: କଣ୍ଟାପଡ଼ା, କଟକ	୭୧,୨୫୦.୮୦	୨୭.୦୦୦	୭୨,୦୦୦/-
କ୍ର. ନଂ.	ଋଣ ଆକାଉଣ୍ଟ ନଂ.	ସୁନା ଋଣଗ୍ରହୀତାଙ୍କ ନାମ ଓ ଠିକଣା	ବକେୟା ରାଶି (ଟଙ୍କାରେ)	ମୋଟ ଓଜନ (ଗ୍ରାମରେ)	ସଂରକ୍ଷିତ ମୂଲ୍ୟ (ଟଙ୍କାରେ)
୧.	୩୩୮୪୬୩୫୦୦୦୦୧୭୯	ଜାନକୀ ବେହେରା, ପିତା: ଲକ୍ଷ୍ମୀଧର ବେହେରା, ଗାଁ: କୁମ୍ଭାରପଡ଼ା, ପୋ: ଜଟଣୀ, ଖୋର୍ଦ୍ଧା	୮୦,୪୬୭.୪୫	୩୨.୦୦୦	୮୫,୦୦୦/-
୨.	୩୩୮୪୬୩୫୦୦୦୦୨୧୨	ସୁନିତା ସାହୁ, ସ୍ୱାମୀ: ଗୋପାଳ ଚନ୍ଦ୍ର ସାହୁ, ଗାଁ: ବେଲପଡ଼ା, ଭୁବନେଶ୍ୱର, ଖୋର୍ଦ୍ଧା	୧,୦୨,୩୪୫.୦୦	୩୬.୫୦୦	୯୮,୦୦୦/-
୩.	୩୩୮୪୬୩୫୦୦୦୦୩୪୧	ପ୍ରଶାନ୍ତ କୁମାର ଦାସ, ପିତା: ରମେଶ ଚନ୍ଦ୍ର ଦାସ, ଗାଁ: ମୁକୁନ୍ଦପୁର, କଟକ	୬୫,୧୨୦.୭୬	୨୪.୨୦୦	୬୦,୦୦୦/-
୪.	୩୩୮୪୬୩୫୦୦୦୦୪୦୮	ଅନୁପମା ପ୍ରଧାନ, ସ୍ୱାମୀ: ବିଜୟ କୁମାର ପ୍ରଧାନ, ଗାଁ: ନୂଆଗାଁ, ନିଆଳି, କଟକ	୪୫,୮୯୦.୩୦	୧୮.୦୦୦	୪୫,୦୦୦/-
୫.	୩୩୮୪୬୩୫୦୦୦୦୫୨୩	ମନୋରଞ୍ଜନ ବେହେରା, ପିତା: କୃଷ୍ଣ ଚନ୍ଦ୍ର ବେହେରା, ଗାଁ: ସାଲେପୁର, କଟକ	୧,୨୪,୫୬୦.୦୦	୪୪.୦୦୦	୧,୧୮,୦୦୦/-
୬.	୩୩୮୪୬୩୫୦୦୦୦୬୧୫	ସଂଯୁକ୍ତା ମହାପାତ୍ର, ସ୍ୱାମୀ: ଅଶୋକ କୁମାର ମହାପାତ୍ର, ଗାଁ: ବାଲିଅନ୍ତା, ଖୋର୍ଦ୍ଧା	୩୮,୭୦୦.୫୫	୧୫.୫୦୦	୩୮,୦୦୦/-
୭.	୩୩୮୪୬୩୫୦୦୦୦୭୦୨	ଅରବିନ୍ଦ ସାମଲ, ପିତା: ଭାଗବତ ସାମଲ, ଗାଁ: ଅତ୍ରି, ଟାଙ୍ଗି, କଟକ	୫୨,୩୩୦.୦୦	୨୦.୦୦୦	୫୪,୦୦୦/-
୮.	୩୩୮୪୬୩୫୦୦୦୦୮୧୧	ଲିପିକା ନାୟକ, ସ୍ୱାମୀ: ସନ୍ତୋଷ କୁମାର ନାୟକ, ଗାଁ: କଣ୍ଟାପଡ଼ା, କଟକ	୭୧,୨୫୦.୮୦	୨୭.୦୦୦	୭୨,୦୦୦/-
ନୟାବଜାର ମାର୍ଥାପୁର (ନିଲାମ ତାରିଖ: ୨୪.୦୮.୨୦୧୮)					
୧.	୩୩୮୪୬୩୫୦୦୦୦୧୭୯	ଜାନକୀ ବେହେରା, ପିତା: ଲକ୍ଷ୍ମୀଧର ବେହେରା, ଗାଁ: କୁମ୍ଭାରପଡ଼ା, ପୋ: ଜଟଣୀ, ଖୋର୍ଦ୍ଧା	୮୦,୪୬୭.୪୫	୩୨.୦୦୦	୮୫,୦୦୦/-
୨.	୩୩୮୪୬୩୫୦୦୦୦୨୧୨	ସୁନିତା ସାହୁ, ସ୍ୱାମୀ: ଗୋପାଳ ଚନ୍ଦ୍ର ସାହୁ, ଗାଁ: ବେଲପଡ଼ା, ଭୁବନେଶ୍ୱର, ଖୋର୍ଦ୍ଧା	୧,୦୨,୩୪୫.୦୦	୩୬.୫୦୦	୯୮,୦୦୦/-
୩.	୩୩୮୪୬୩୫୦୦୦୦୩୪୧	ପ୍ରଶାନ୍ତ କୁମାର ଦାସ, ପିତା: ରମେଶ ଚନ୍ଦ୍ର ଦାସ, ଗାଁ: ମୁକୁନ୍ଦପୁର, କଟକ	୬୫,୧୨୦.୭୬	୨୪.୨୦୦	୬୦,୦୦୦/-
୪.	୩୩୮୪୬୩୫୦୦୦୦୪୦୮	ଅନୁପମା ପ୍ରଧାନ, ସ୍ୱାମୀ: ବିଜୟ କୁମାର ପ୍ରଧାନ, ଗାଁ: ନୂଆଗାଁ, ନିଆଳି, କଟକ	୪୫,୮୯୦.୩୦	୧୮.୦୦୦	୪୫,୦୦୦/-
୫.	୩୩୮୪୬୩୫୦୦୦୦୫୨୩	ମନୋରଞ୍ଜନ ବେହେରା, ପିତା: କୃଷ୍ଣ ଚନ୍ଦ୍ର ବେହେରା, ଗାଁ: ସାଲେପୁର, କଟକ	୧,୨୪,୫୬୦.୦୦	୪୪.୦୦୦	୧,୧୮,୦୦୦/-
୬.	୩୩୮୪୬୩୫୦୦୦୦୬୧୫	ସଂଯୁକ୍ତା ମହାପାତ୍ର, ସ୍ୱାମୀ: ଅଶୋକ କୁମାର ମହାପାତ୍ର, ଗାଁ: ବାଲିଅନ୍ତା, ଖୋର୍ଦ୍ଧା	୩୮,୭୦୦.୫୫	୧୫.୫୦୦	୩୮,୦୦୦/-
୭.	୩୩୮୪୬୩୫୦୦୦୦୭୦୨	ଅରବିନ୍ଦ ସାମଲ, ପିତା: ଭାଗବତ ସାମଲ, ଗାଁ: ଅତ୍ରି, ଟାଙ୍ଗି, କଟକ	୫୨,୩୩୦.୦୦	୨୦.୦୦୦	୫୪,୦୦୦/-
୮.	୩୩୮୪୬୩୫୦୦୦୦୮୧୧	ଲିପିକା ନାୟକ, ସ୍ୱାମୀ: ସନ୍ତୋଷ କୁମାର ନାୟକ, ଗାଁ: କଣ୍ଟାପଡ଼ା, କଟକ	୭୧,୨୫୦.୮୦	୨୭.୦୦୦	୭୨,୦୦୦/-
୧.	୩୩୮୪୬୩୫୦୦୦୦୧୭୯	ଜାନକୀ ବେହେରା, ପିତା: ଲକ୍ଷ୍ମୀଧର ବେହେରା, ଗାଁ: କୁମ୍ଭାରପଡ଼ା, ପୋ: ଜଟଣୀ, ଖୋର୍ଦ୍ଧା	୮୦,୪୬୭.୪୫	୩୨.୦୦୦	୮୫,୦୦୦/-
୨.	୩୩୮୪୬୩୫୦୦୦୦୨୧୨	ସୁନିତା ସାହୁ, ସ୍ୱାମୀ: ଗୋପାଳ ଚନ୍ଦ୍ର ସାହୁ, ଗାଁ: ବେଲପଡ଼ା, ଭୁବନେଶ୍ୱର, ଖୋର୍ଦ୍ଧା	୧,୦୨,୩୪୫.୦୦	୩୬.୫୦୦	୯୮,୦୦୦/-
୩.	୩୩୮୪୬୩୫୦୦୦୦୩୪୧	ପ୍ରଶାନ୍ତ କୁମାର ଦାସ, ପିତା: ରମେଶ ଚନ୍ଦ୍ର ଦାସ, ଗାଁ: ମୁକୁନ୍ଦପୁର, କଟକ	୬୫,୧୨୦.୭୬	୨୪.୨୦୦	୬୦,୦୦୦/-
୪.	୩୩୮୪୬୩୫୦୦୦୦୪୦୮	ଅନୁପମା ପ୍ରଧାନ, ସ୍ୱାମୀ: ବିଜୟ କୁମାର ପ୍ରଧାନ, ଗାଁ: ନୂଆଗାଁ, ନିଆଳି, କଟକ	୪୫,୮୯୦.୩୦	୧୮.୦୦୦	୪୫,୦୦୦/-
୫.	୩୩୮୪୬୩୫୦୦୦୦୫୨୩	ମନୋରଞ୍ଜନ ବେହେରା, ପିତା: କୃଷ୍ଣ ଚନ୍ଦ୍ର ବେହେରା, ଗାଁ: ସାଲେପୁର, କଟକ	୧,୨୪,୫୬୦.୦୦	୪୪.୦୦୦	୧,୧୮,୦୦୦/-
୬.	୩୩୮୪୬୩୫୦୦୦୦୬୧୫	ସଂଯୁକ୍ତା ମହାପାତ୍ର, ସ୍ୱାମୀ: ଅଶୋକ କୁମାର ମହାପାତ୍ର, ଗାଁ: ବାଲିଅନ୍ତା, ଖୋର୍ଦ୍ଧା	୩୮,୭୦୦.୫୫	୧୫.୫୦୦	୩୮,୦୦୦/-
୭.	୩୩୮୪୬୩୫୦୦୦୦୭୦୨	ଅରବିନ୍ଦ ସାମଲ, ପିତା: ଭାଗବତ ସାମଲ, ଗାଁ: ଅତ୍ରି, ଟାଙ୍ଗି, କଟକ	୫୨,୩୩୦.୦୦	୨୦.୦୦୦	୫୪,୦୦୦/-
୮.	୩୩୮୪୬୩୫୦୦୦୦୮୧୧	ଲିପିକା ନାୟକ, ସ୍ୱାମୀ: ସନ୍ତୋଷ କୁମାର ନାୟକ, ଗାଁ: କଣ୍ଟାପଡ଼ା, କଟକ	୭୧,୨୫୦.୮୦	୨୭.୦୦୦	୭୨,୦୦୦/-
୧.	୩୩୮୪୬୩୫୦୦୦୦୧୭୯	ଜାନକୀ ବେହେରା, ପିତା: ଲକ୍ଷ୍ମୀଧର ବେହେରା, ଗାଁ: କୁମ୍ଭାରପଡ଼ା, ପୋ: ଜଟଣୀ, ଖୋର୍ଦ୍ଧା	୮୦,୪୬୭.୪୫	୩୨.୦୦୦	୮୫,୦୦୦/-
୨.	୩୩୮୪୬୩୫୦୦୦୦୨୧୨	ସୁନିତା ସାହୁ, ସ୍ୱାମୀ: ଗୋପାଳ ଚନ୍ଦ୍ର ସାହୁ, ଗାଁ: ବେଲପଡ଼ା, ଭୁବନେଶ୍ୱର, ଖୋର୍ଦ୍ଧା	୧,୦୨,୩୪୫.୦୦	୩୬.୫୦୦	୯୮,୦୦୦/-
୩.	୩୩୮୪୬୩୫୦୦୦୦୩୪୧	ପ୍ରଶାନ୍ତ କୁମାର ଦାସ, ପିତା: ରମେଶ ଚନ୍ଦ୍ର ଦାସ, ଗାଁ: ମୁକୁନ୍ଦପୁର, କଟକ	୬୫,୧୨୦.୭୬	୨୪.୨୦୦	୬୦,୦୦୦/-
୪.	୩୩୮୪୬୩୫୦୦୦୦୪୦୮	ଅନୁପମା ପ୍ରଧାନ, ସ୍ୱାମୀ: ବିଜୟ କୁମାର ପ୍ରଧାନ, ଗାଁ: ନୂଆଗାଁ, ନିଆଳି, କଟକ	୪୫,୮୯୦.୩୦	୧୮.୦୦୦	୪୫,୦୦୦/-
୫.	୩୩୮୪୬୩୫୦୦୦୦୫୨୩	ମନୋରଞ୍ଜନ ବେହେରା, ପିତା: କୃଷ୍ଣ ଚନ୍ଦ୍ର ବେହେରା, ଗାଁ: ସାଲେପୁର, କଟକ	୧,୨୪,୫୬୦.୦୦	୪୪.୦୦୦	୧,୧୮,୦୦୦/-
୬.	୩୩୮୪୬୩୫୦୦୦୦୬୧୫	ସଂଯୁକ୍ତା ମହାପାତ୍ର, ସ୍ୱାମୀ: ଅଶୋକ କୁମାର ମହାପାତ୍ର, ଗାଁ: ବାଲିଅନ୍ତା, ଖୋର୍ଦ୍ଧା	୩୮,୭୦୦.୫୫	୧୫.୫୦୦	୩୮,୦୦୦/-
୭.	୩୩୮୪୬୩୫୦୦୦୦୭୦୨	ଅରବିନ୍ଦ ସାମଲ, ପିତା: ଭାଗବତ ସାମଲ, ଗାଁ: ଅତ୍ରି, ଟାଙ୍ଗି, କଟକ	୫୨,୩୩୦.୦୦	୨୦.୦୦୦	୫୪,୦୦୦/-
୮.	୩୩୮୪୬୩୫୦୦୦୦୮୧୧	ଲିପିକା ନାୟକ, ସ୍ୱାମୀ: ସନ୍ତୋଷ କୁମାର ନାୟକ, ଗାଁ: କଣ୍ଟାପଡ଼ା, କଟକ	୭୧,୨୫୦.୮୦	୨୭.୦୦୦	୭୨,୦୦୦/-
୧.	୩୩୮୪୬୩୫୦୦୦୦୧୭୯	ଜାନକୀ ବେହେରା, ପିତା: ଲକ୍ଷ୍ମୀଧର ବେହେରା, ଗାଁ: କୁମ୍ଭାରପଡ଼ା, ପୋ: ଜଟଣୀ, ଖୋର୍ଦ୍ଧା	୮୦,୪୬୭.୪୫	୩୨.୦୦୦	୮୫,୦୦୦/-
୨.	୩୩୮୪୬୩୫୦୦୦୦୨୧୨	ସୁନିତା ସାହୁ, ସ୍ୱାମୀ: ଗୋପାଳ ଚନ୍ଦ୍ର ସାହୁ, ଗାଁ: ବେଲପଡ଼ା, ଭୁବନେଶ୍ୱର, ଖୋର୍ଦ୍ଧା	୧,୦୨,୩୪୫.୦୦	୩୬.୫୦୦	୯୮,୦୦୦/-
୩.	୩୩୮୪୬୩୫୦୦୦୦୩୪୧	ପ୍ରଶାନ୍ତ କୁମାର ଦାସ, ପିତା: ରମେଶ ଚନ୍ଦ୍ର ଦାସ, ଗାଁ: ମୁକୁନ୍ଦପୁର, କଟକ	୬୫,୧୨୦.୭୬	୨୪.୨୦୦	୬୦,୦୦୦/-
୪.	୩୩୮୪୬୩୫୦୦୦୦୪୦୮	ଅନୁପମା ପ୍ରଧାନ, ସ୍ୱାମୀ: ବିଜୟ କୁମାର ପ୍ରଧାନ, ଗାଁ: ନୂଆଗାଁ, ନିଆଳି, କଟକ	୪୫,୮୯୦.୩୦	୧୮.୦୦୦	୪୫,୦୦୦/-
୫.	୩୩୮୪୬୩୫୦୦୦୦୫୨୩	ମନୋରଞ୍ଜନ ବେହେରା, ପିତା: କୃଷ୍ଣ ଚନ୍ଦ୍ର ବେହେରା, ଗାଁ: ସାଲେପୁର, କଟକ	୧,୨୪,୫୬୦.୦୦	୪୪.୦୦୦	୧,୧୮,୦୦୦/-
୬.	୩୩୮୪୬୩୫୦୦୦୦୬୧୫	ସଂଯୁକ୍ତା ମହାପାତ୍ର, ସ୍ୱାମୀ: ଅଶୋକ କୁମାର ମହାପାତ୍ର, ଗାଁ: ବାଲିଅନ୍ତା, ଖୋର୍ଦ୍ଧା	୩୮,୭୦୦.୫୫	୧୫.୫୦୦	୩୮,୦୦୦/-
୭.	୩୩୮୪୬୩୫୦୦୦୦୭୦୨	ଅରବିନ୍ଦ ସାମଲ, ପିତା: ଭାଗବତ ସାମଲ, ଗାଁ: ଅତ୍ରି, ଟାଙ୍ଗି, କଟକ	୫୨,୩୩୦.୦୦	୨୦.୦୦୦	୫୪,୦୦୦/-
୮.	୩୩୮୪୬୩୫୦୦୦୦୮୧୧	ଲିପିକା ନାୟକ, ସ୍ୱାମୀ: ସନ୍ତୋଷ କୁମାର ନାୟକ, ଗାଁ: କଣ୍ଟାପଡ଼ା, କଟକ	୭୧,୨୫୦.୮୦	୨୭.୦୦୦	୭୨,୦୦୦/-
୧.	୩୩୮୪୬୩୫୦୦୦୦୧୭୯	ଜାନକୀ ବେହେରା, ପିତା: ଲକ୍ଷ୍ମୀଧର ବେହେରା, ଗାଁ: କୁମ୍ଭାରପଡ଼ା, ପୋ: ଜଟଣୀ, ଖୋର୍ଦ୍ଧା	୮୦,୪୬୭.୪୫	୩୨.୦୦୦	୮୫,୦୦୦/-
୨.	୩୩୮୪୬୩୫୦୦୦୦୨୧୨	ସୁନିତା ସାହୁ, ସ୍ୱାମୀ: ଗୋପାଳ ଚନ୍ଦ୍ର ସାହୁ, ଗାଁ: ବେଲପଡ଼ା, ଭୁବନେଶ୍ୱର, ଖୋର୍ଦ୍ଧା	୧,୦୨,୩୪୫.୦୦	୩୬.୫୦୦	୯୮,୦୦୦/-
୩.	୩୩୮୪୬୩୫୦୦୦୦୩୪୧	ପ୍ରଶାନ୍ତ କୁମାର ଦାସ, ପିତା: ରମେଶ ଚନ୍ଦ୍ର ଦାସ, ଗାଁ: ମୁକୁନ୍ଦପୁର, କଟକ	୬୫,୧୨୦.୭୬	୨୪.୨୦୦	୬୦,୦୦୦/-
୪.	୩୩୮୪୬୩୫୦୦୦୦୪୦୮	ଅନୁପମା ପ୍ରଧାନ, ସ୍ୱାମୀ: ବିଜୟ କୁମାର ପ୍ରଧାନ, ଗାଁ: ନୂଆଗାଁ, ନିଆଳି, କଟକ	୪୫,୮୯୦.୩୦	୧୮.୦୦୦	୪୫,୦୦୦/-
୫.	୩୩୮୪୬୩୫୦୦୦୦୫୨୩	ମନୋରଞ୍ଜନ ବେହେରା, ପିତା: କୃଷ୍ଣ ଚନ୍ଦ୍ର ବେହେରା, ଗାଁ: ସାଲେପୁର, କଟକ	୧,୨୪,୫୬୦.୦୦	୪୪.୦୦୦	୧,୧୮,୦୦୦/-
୬.	୩୩୮୪୬୩୫୦୦୦୦୬୧୫	ସଂଯୁକ୍ତା ମହାପାତ୍ର, ସ୍ୱାମୀ: ଅଶୋକ କୁମାର ମହାପାତ୍ର, ଗାଁ: ବାଲିଅନ୍ତା, ଖୋର୍ଦ୍ଧା	୩୮,୭୦୦.୫୫	୧୫.୫୦୦	୩୮,୦୦୦/-
୭.	୩୩୮୪୬୩୫୦୦୦୦୭୦୨	ଅରବିନ୍ଦ ସାମଲ, ପିତା: ଭାଗବତ ସାମଲ, ଗାଁ: ଅତ୍ରି, ଟାଙ୍ଗି, କଟକ	୫୨,୩୩୦.୦୦	୨୦.୦୦୦	୫୪,୦୦୦/-
୮.	୩୩୮୪୬୩୫୦୦୦୦୮୧୧	ଲିପିକା ନାୟକ, ସ୍ୱାମୀ: ସନ୍ତୋଷ କୁମାର ନାୟକ, ଗାଁ: କଣ୍ଟାପଡ଼ା, କଟକ	୭୧,୨୫୦.୮୦	୨୭.୦୦୦	୭୨,୦୦୦/-
୧.	୩୩୮୪୬୩୫୦୦୦୦୧୭୯	ଜାନକୀ ବେହେରା, ପିତା: ଲକ୍ଷ୍ମୀଧର ବେହେରା, ଗାଁ: କୁମ୍ଭାରପଡ଼ା, ପୋ: ଜଟଣୀ, ଖୋର୍ଦ୍ଧା	୮୦,୪୬୭.୪୫	୩୨.୦୦୦	୮୫,୦୦୦/-
୨.	୩୩୮୪୬୩୫୦୦୦୦୨୧୨	ସୁନିତା ସାହୁ, ସ୍ୱାମୀ: ଗୋପାଳ ଚନ୍ଦ୍ର ସାହୁ, ଗାଁ: ବେଲପଡ଼ା, ଭୁବନେଶ୍ୱର, ଖୋର୍ଦ୍ଧା	୧,୦୨,୩୪୫.୦୦	୩୬.୫୦୦	୯୮,୦୦୦/-
୩.	୩୩୮୪୬୩୫୦୦୦୦୩୪୧	ପ୍ରଶାନ୍ତ କୁମାର ଦାସ, ପିତା: ରମେଶ ଚନ୍ଦ୍ର ଦାସ, ଗାଁ: ମୁକୁନ୍ଦପୁର, କଟକ	୬୫,୧୨୦.୭୬	୨୪.୨୦୦	୬୦,୦୦୦/-
୪.	୩୩୮୪୬୩୫୦୦୦୦୪୦୮	ଅନୁପମା ପ୍ରଧାନ, ସ୍ୱାମୀ: ବିଜୟ କୁମାର ପ୍ରଧାନ, ଗାଁ: ନୂଆଗାଁ, ନିଆଳି, କଟକ	୪୫,୮୯୦.୩୦	୧୮.୦୦୦	୪୫,୦୦୦/-
୫.	୩୩୮୪୬୩୫୦୦୦୦୫୨୩	ମନୋରଞ୍ଜନ ବେହେରା, ପିତା: କୃଷ୍ଣ ଚନ୍ଦ୍ର ବେହେରା, ଗାଁ: ସାଲେପୁର, କଟକ	୧,୨୪,୫୬୦.୦୦	୪୪.୦୦୦	୧,୧୮,୦୦୦/-
୬.	୩୩୮୪୬୩୫୦୦୦୦୬୧୫	ସଂଯୁକ୍ତା ମହାପାତ୍ର, ସ୍ୱାମୀ: ଅଶୋକ କୁମାର ମହାପାତ୍ର, ଗାଁ: ବାଲିଅନ୍ତା, ଖୋର୍ଦ୍ଧା	୩୮,୭୦୦.୫୫	୧୫.୫୦୦	୩୮,୦୦୦/-
୭.	୩୩୮୪୬୩୫୦୦୦୦୭୦୨	ଅରବିନ୍ଦ ସାମଲ, ପିତା: ଭାଗବତ ସାମଲ, ଗାଁ: ଅତ୍ରି, ଟାଙ୍ଗି, କଟକ	୫୨,୩୩୦.୦୦	୨୦.୦୦୦	୫୪,୦୦୦/-
୮.	୩୩୮୪୬୩୫୦୦୦୦୮୧୧	ଲିପିକା ନାୟକ, ସ୍ୱାମୀ: ସନ୍ତୋଷ କୁମାର ନାୟକ, ଗାଁ: କଣ୍ଟାପଡ଼ା, କଟକ	୭୧,୨୫୦.୮୦	୨୭.୦୦୦	୭୨,୦୦୦/-
୧.	୩୩୮୪୬୩୫୦୦୦୦୧୭୯	ଜାନକୀ ବେହେରା, ପିତା: ଲକ୍ଷ୍ମୀଧର ବେହେରା, ଗାଁ: କୁମ୍ଭାରପଡ଼ା, ପୋ: ଜଟଣୀ, ଖୋର୍ଦ୍ଧା	୮୦,୪୬୭.୪୫	୩୨.୦୦୦	୮୫,୦୦୦/-
୨.	୩୩୮୪୬୩୫୦୦୦୦୨୧୨	ସୁନିତା ସାହୁ, ସ୍ୱାମୀ: ଗୋପାଳ ଚନ୍ଦ୍ର ସାହୁ, ଗାଁ: ବେଲପଡ଼ା, ଭୁବନେଶ୍ୱର, ଖୋର୍ଦ୍ଧା	୧,୦୨,୩୪୫.୦୦	୩୬.୫୦୦	୯୮,୦୦୦/-
୩.	୩୩୮୪୬୩୫୦୦୦୦୩୪୧	ପ୍ରଶାନ୍ତ କୁମାର ଦାସ, ପିତା: ରମେଶ ଚନ୍ଦ୍ର ଦାସ, ଗାଁ: ମୁକୁନ୍ଦପୁର, କଟକ	୬୫,୧୨୦.୭୬	୨୪.୨୦୦	୬୦,୦୦୦/-
୪.	୩୩୮୪୬୩୫୦୦୦୦୪୦୮	ଅନୁପମା ପ୍ରଧାନ, ସ୍ୱାମୀ: ବିଜୟ କୁମାର ପ୍ରଧାନ, ଗାଁ: ନୂଆଗାଁ, ନିଆଳି, କଟକ	୪୫,୮୯୦.୩୦	୧୮.୦୦୦	୪୫,୦୦୦/-
ନକାଶା ଶାଖା (ନିଲାମ ତାରିଖ: ୨୪.୦୮.୨୦୧୮)					
୧.	୩୩୮୪୬୩୫୦୦୦୦୧୭୯	ଜାନକୀ ବେହେରା, ପିତା: ଲକ୍ଷ୍ମୀଧର ବେହେରା, ଗାଁ: କୁମ୍ଭାରପଡ଼ା, ପୋ: ଜଟଣୀ, ଖୋର୍ଦ୍ଧା	୮୦,୪୬୭.୪୫	୩୨.୦୦୦	୮୫,୦୦୦/-
୨.	୩୩୮୪୬୩୫୦୦୦୦୨୧୨	ସୁନିତା ସାହୁ, ସ୍ୱାମୀ: ଗୋପାଳ ଚନ୍ଦ୍ର ସାହୁ, ଗାଁ: ବେଲପଡ଼ା, ଭୁବନେଶ୍ୱର, ଖୋର୍ଦ୍ଧା	୧,୦୨,୩୪୫.୦୦	୩୬.୫୦୦	୯୮,୦୦୦/-
୩.	୩୩୮୪୬୩୫୦୦୦୦୩୪୧	ପ୍ରଶାନ୍ତ କୁମାର ଦାସ, ପିତା: ରମେଶ ଚନ୍ଦ୍ର ଦାସ, ଗାଁ: ମୁକୁନ୍ଦପୁର, କଟକ	୬୫,୧୨୦.୭୬	୨୪.୨୦୦	୬୦,୦୦୦/-
୪.	୩୩୮୪୬୩୫୦୦୦୦୪୦୮	ଅନୁପମା ପ୍ରଧାନ, ସ୍ୱାମୀ: ବିଜୟ କୁମାର ପ୍ରଧାନ, ଗାଁ: ନୂଆଗାଁ, ନିଆଳି, କଟକ	୪୫,୮୯୦.୩୦	୧୮.୦୦୦	୪୫,୦୦୦/-
୫.	୩୩୮୪୬୩୫୦୦୦୦୫୨୩	ମନୋରଞ୍ଜନ ବେହେରା, ପିତା: କୃଷ୍ଣ ଚନ୍ଦ୍ର ବେହେରା, ଗାଁ: ସାଲେପୁର, କଟକ	୧,୨୪,୫୬୦.୦୦	୪୪.୦୦୦	୧,୧୮,୦୦୦/-
୬.	୩୩୮୪୬୩୫୦୦୦୦୬୧୫	ସଂଯୁକ୍ତା ମହାପାତ୍ର, ସ୍ୱାମୀ: ଅଶୋକ କୁମାର ମହାପାତ୍ର, ଗାଁ: ବାଲିଅନ୍ତା, ଖୋର୍ଦ୍ଧା	୩୮,୭୦୦.୫୫	୧୫.୫୦୦	୩୮,୦୦୦/-
୭.	୩୩୮୪୬୩୫୦୦୦୦୭୦୨	ଅରବିନ୍ଦ ସାମଲ, ପିତା: ଭାଗବତ ସାମଲ, ଗାଁ: ଅତ୍ରି, ଟାଙ୍ଗି, କଟକ	୫୨,୩୩୦.୦୦	୨୦.୦୦୦	୫୪,୦୦୦/-
୮.	୩୩୮୪୬୩୫୦୦୦୦୮୧୧	ଲିପିକା ନାୟକ, ସ୍ୱାମୀ: ସନ୍ତୋଷ କୁମାର ନାୟକ, ଗାଁ: କଣ୍ଟାପଡ଼ା, କଟକ	୭୧,୨୫୦.୮୦	୨୭.୦୦୦	୭୨,୦୦୦/-
୧.	୩୩୮୪୬୩୫୦୦୦୦୧୭୯	ଜାନକୀ ବେହେରା, ପିତା: ଲକ୍ଷ୍ମୀଧର ବେହେରା, ଗାଁ: କୁମ୍ଭାରପଡ଼ା, ପୋ: ଜଟଣୀ, ଖୋର୍ଦ୍ଧା	୮୦,୪୬୭.୪୫	୩୨.୦୦୦	୮୫,୦୦୦/-
୨.	୩୩୮୪୬୩୫୦୦୦୦୨୧୨	ସୁନିତା ସାହୁ, ସ୍ୱାମୀ: ଗୋପାଳ ଚନ୍ଦ୍ର ସାହୁ, ଗାଁ: ବେଲପଡ଼ା, ଭୁବନେଶ୍ୱର, ଖୋର୍ଦ୍ଧା	୧,୦୨,୩୪୫.୦୦	୩୬.୫୦୦	୯୮,୦୦୦/-
୩.	୩୩୮୪୬୩୫୦୦୦୦୩୪୧	ପ୍ରଶାନ୍ତ କୁମାର ଦାସ, ପିତା: ରମେଶ ଚନ୍ଦ୍ର ଦାସ, ଗାଁ: ମୁକୁନ୍ଦପୁର, କଟକ	୬୫,୧୨୦.୭୬	୨୪.୨୦୦	୬୦,୦୦୦/-
୪.	୩୩୮୪୬୩୫୦୦୦୦୪୦୮	ଅନୁପମା ପ୍ରଧାନ, ସ୍ୱାମୀ: ବିଜୟ କୁମାର ପ୍ରଧାନ, ଗାଁ: ନୂଆଗାଁ, ନିଆଳି, କଟକ	୪୫,୮୯୦.୩୦	୧୮.୦୦୦	୪୫,୦୦୦/-
୫.	୩୩୮୪୬୩୫୦୦୦୦୫୨୩	ମନୋରଞ୍ଜନ ବେହେରା, ପିତା: କୃଷ୍ଣ ଚନ୍ଦ୍ର ବେହେରା, ଗାଁ: ସାଲେପୁର, କଟକ	୧,୨୪,୫୬୦.୦୦	୪୪.୦୦୦	୧,୧୮,୦୦୦/-
୬.	୩୩୮୪୬୩୫୦୦୦୦୬୧୫	ସଂଯୁକ୍ତା ମହାପାତ୍ର, ସ୍ୱାମୀ: ଅଶୋକ କୁମାର ମହାପାତ୍ର, ଗାଁ: ବାଲିଅନ୍ତା, ଖୋର୍ଦ୍ଧା	୩୮,୭୦୦.୫୫	୧୫.୫୦୦	୩୮,୦୦୦/-
୭.	୩୩୮୪୬୩୫୦୦୦୦୭୦୨	ଅରବିନ୍ଦ ସାମଲ, ପିତା: ଭାଗବତ ସାମଲ, ଗାଁ: ଅତ୍ରି, ଟାଙ୍ଗି, କଟକ	୫୨,୩୩୦.୦୦	୨୦.୦୦୦	୫୪,୦୦୦/-
୮.	୩୩୮୪୬୩୫୦୦୦୦୮୧୧	ଲିପିକା ନାୟକ, ସ୍ୱାମୀ: ସନ୍ତୋଷ କୁମାର ନାୟକ, ଗାଁ: କଣ୍ଟାପଡ଼ା, କଟକ	୭୧,୨୫୦.୮୦	୨୭.୦୦୦	୭୨,୦୦୦/-
୧.	୩୩୮୪୬୩୫୦୦୦୦୧୭୯	ଜାନକୀ ବେହେରା, ପିତା: ଲକ୍ଷ୍ମୀଧର ବେହେରା, ଗାଁ: କୁମ୍ଭାରପଡ଼ା, ପୋ: ଜଟଣୀ, ଖୋର୍ଦ୍ଧା	୮୦,୪୬୭.୪୫	୩୨.୦୦୦	୮୫,୦୦୦/-
୨.	୩୩୮୪୬୩୫୦୦୦୦୨୧୨	ସୁନିତା ସାହୁ, ସ୍ୱାମୀ: ଗୋପାଳ ଚନ୍ଦ୍ର ସାହୁ, ଗାଁ: ବେଲପଡ଼ା, ଭୁବନେଶ୍ୱର, ଖୋର୍ଦ୍ଧା	୧,୦୨,୩୪୫.୦୦	୩୬.୫୦୦	୯୮,୦୦୦/-
୩.	୩୩୮୪୬୩୫୦୦୦୦୩୪୧	ପ୍ରଶାନ୍ତ କୁମାର ଦାସ, ପିତା: ରମେଶ ଚନ୍ଦ୍ର ଦାସ, ଗାଁ: ମୁକୁନ୍ଦପୁର, କଟକ	୬୫,୧୨୦.୭୬	୨୪.୨୦୦	୬୦,୦୦୦/-
୪.	୩୩୮୪୬୩୫୦୦୦୦୪୦୮	ଅନୁପମା ପ୍ରଧାନ, ସ୍ୱାମୀ: ବିଜୟ କୁମାର ପ୍ରଧାନ, ଗାଁ: ନୂଆଗାଁ, ନିଆଳି, କଟକ	୪୫,୮୯୦.୩୦	୧୮.୦୦୦	୪୫,୦୦୦/-
୫.	୩୩୮୪୬୩୫୦୦୦୦୫୨୩	ମନୋରଞ୍ଜନ ବେହେରା, ପିତା: କୃଷ୍ଣ ଚନ୍ଦ୍ର ବେହେରା, ଗାଁ: ସାଲେପୁର, କଟକ	୧,୨୪,୫୬୦.୦୦	୪୪.୦୦୦	୧,୧୮,୦୦୦/-
୬.	୩୩୮୪୬୩୫୦୦୦୦୬୧୫	ସଂଯୁକ୍ତା ମହାପାତ୍ର, ସ୍ୱାମୀ: ଅଶୋକ କୁମାର ମହାପାତ୍ର, ଗାଁ: ବାଲିଅନ୍ତା, ଖୋର୍ଦ୍ଧା	୩୮,୭୦୦.୫୫	୧୫.୫୦୦	୩୮,୦୦୦/-
୭.	୩୩୮୪୬୩୫୦୦୦୦୭୦୨	ଅରବିନ୍ଦ ସାମଲ, ପିତା: ଭାଗବତ ସାମଲ, ଗାଁ: ଅତ୍ରି, ଟାଙ୍ଗି, କଟକ	୫୨,୩୩୦.୦୦	୨୦.୦୦୦	୫୪,୦୦୦/-
୮.	୩୩୮୪୬୩୫୦୦୦୦୮୧୧	ଲିପିକା ନାୟକ, ସ୍ୱାମୀ: ସନ୍ତୋଷ କୁମାର ନାୟକ, ଗାଁ: କଣ୍ଟାପଡ଼ା, କଟକ	୭୧,୨୫୦.୮୦	୨୭.୦୦୦	୭୨,୦୦୦/-
୧.	୩୩୮୪୬୩୫୦୦୦୦୧୭୯	ଜାନକୀ ବେହେରା, ପିତା: ଲକ୍ଷ୍ମୀଧର ବେହେରା, ଗାଁ: କୁମ୍ଭାରପଡ଼ା, ପୋ: ଜଟଣୀ, ଖୋର୍ଦ୍ଧା	୮୦,୪୬୭.୪୫	୩୨.୦୦୦	୮୫,୦୦୦/-
୨.	୩୩୮୪୬୩୫୦୦୦୦୨୧୨	ସୁନିତା ସାହୁ, ସ୍ୱାମୀ: ଗୋପାଳ ଚନ୍ଦ୍ର ସାହୁ, ଗାଁ: ବେଲପଡ଼ା, ଭୁବନେଶ୍ୱର, ଖୋର୍ଦ୍ଧା	୧,୦୨,୩୪୫.୦୦	୩୬.୫୦୦	୯୮,୦୦୦/-
୩.	୩୩୮୪୬୩୫୦୦୦୦୩୪୧	ପ୍ରଶାନ୍ତ କୁମାର ଦାସ, ପିତା: ରମେଶ ଚନ୍ଦ୍ର ଦାସ, ଗାଁ: ମୁକୁନ୍ଦପୁର, କଟକ	୬୫,୧୨୦.୭୬	୨୪.୨୦୦	୬୦,୦୦୦/-
୪.	୩୩୮୪୬୩୫୦୦୦୦୪୦୮	ଅନୁପମା ପ୍ରଧାନ, ସ୍ୱାମୀ: ବିଜୟ କୁମାର ପ୍ରଧାନ, ଗାଁ: ନୂଆଗାଁ, ନିଆଳି, କଟକ	୪୫,୮୯୦.୩୦	୧୮.୦୦୦	୪୫,୦୦୦/-
୫.	୩୩୮୪୬୩୫୦୦୦୦୫୨୩	ମନୋରଞ୍ଜନ ବେହେରା, ପିତା: କୃଷ୍ଣ ଚନ୍ଦ୍ର ବେହେରା, ଗାଁ: ସାଲେପୁର, କଟକ	୧,୨୪,୫୬୦.୦୦	୪୪.୦୦୦	୧,୧୮,୦୦୦/-
୬.	୩୩୮୪୬୩୫୦୦୦୦୬୧୫	ସଂଯୁକ୍ତା ମହାପାତ୍ର, ସ୍ୱାମୀ: ଅଶୋକ କୁମାର ମହାପାତ୍ର, ଗାଁ: ବାଲିଅନ୍ତା, ଖୋର୍ଦ୍ଧା	୩୮,୭୦୦.୫୫	୧୫.୫୦୦	୩୮,୦୦୦/-
୭.	୩୩୮୪୬୩୫୦୦୦୦୭୦୨	ଅରବିନ୍ଦ ସାମଲ, ପିତା: ଭାଗବତ ସାମଲ, ଗାଁ: ଅତ୍ରି, ଟାଙ୍ଗି, କଟକ	୫୨,୩୩୦.୦୦	୨୦.୦୦୦	୫୪,୦୦୦/-
୮.	୩୩୮୪୬୩୫୦୦୦୦୮୧୧	ଲିପିକା ନାୟକ, ସ୍ୱାମୀ: ସନ୍ତୋଷ କୁମାର ନାୟକ, ଗାଁ: କଣ୍ଟାପଡ଼ା, କଟକ	୭୧,୨୫୦.୮୦	୨୭.୦୦୦	୭୨,୦୦୦/-
୧.	୩୩୮୪୬୩୫୦୦୦୦୧୭୯	ଜାନକୀ ବେହେରା, ପିତା: ଲକ୍ଷ୍ମୀଧର ବେହେରା, ଗାଁ: କୁମ୍ଭାରପଡ଼ା, ପୋ: ଜଟଣୀ, ଖୋର୍ଦ୍ଧା	୮୦,୪୬୭.୪୫	୩୨.୦୦୦	୮୫,୦୦୦/-
୨.	୩୩୮୪୬୩୫୦୦୦୦୨୧୨	ସୁନିତା ସାହୁ, ସ୍ୱାମୀ: ଗୋପାଳ ଚନ୍ଦ୍ର ସାହୁ, ଗାଁ: ବେଲପଡ଼ା, ଭୁବନେଶ୍ୱର, ଖୋର୍ଦ୍ଧା	୧,୦୨,୩୪୫.୦୦	୩୬.୫୦୦	୯୮,୦୦୦/-
୩.	୩୩୮୪୬୩୫୦୦୦୦୩୪୧	ପ୍ରଶାନ୍ତ କୁମାର ଦାସ, ପିତା: ରମେଶ ଚନ୍ଦ୍ର ଦାସ, ଗାଁ: ମୁକୁନ୍ଦପୁର, କଟକ	୬୫,୧୨୦.୭୬	୨୪.୨୦୦	୬୦,୦୦୦/-
୪.	୩୩୮୪୬୩୫୦୦୦୦୪୦୮	ଅନୁପମା ପ୍ରଧାନ, ସ୍ୱାମୀ: ବିଜୟ କୁମାର ପ୍ରଧାନ, ଗାଁ: ନୂଆଗାଁ, ନିଆଳି, କଟକ	୪୫,୮୯୦.୩୦	୧୮.୦୦୦	୪୫,୦୦୦/-
୫.	୩୩୮୪୬୩୫୦୦୦୦୫୨୩	ମନୋରଞ୍ଜନ ବେହେରା, ପିତା: କୃଷ୍ଣ ଚନ୍ଦ୍ର ବେହେରା, ଗାଁ: ସାଲେପୁର, କଟକ	୧,୨୪,୫୬୦.୦୦	୪୪.୦୦୦	୧,୧୮,୦୦୦/-
୬.	୩୩୮୪୬୩୫୦୦୦୦୬୧୫	ସଂଯୁକ୍ତା ମହାପାତ୍ର, ସ୍ୱାମୀ: ଅଶୋକ କୁମାର ମହାପାତ୍ର, ଗାଁ: ବାଲିଅନ୍ତା, ଖୋର୍ଦ୍ଧା	୩୮,୭୦୦.୫୫	୧୫.୫୦୦	୩୮,୦୦୦/-
କ୍ର. ନଂ.	ଋଣ ଆକାଉଣ୍ଟ ନଂ.	ସୁନା ଋଣଗ୍ରହୀତାଙ୍କ ନାମ ଓ ଠିକଣା	ବକେୟା ରାଶି (ଟଙ୍କାରେ)	ମୋଟ ଓଜନ (ଗ୍ରାମରେ)	ସଂରକ୍ଷିତ ମୂଲ୍ୟ (ଟଙ୍କାରେ)
୧.	୩୩୮୪୬୩୫୦୦୦୦୧୭୯	ଜାନକୀ ବେହେରା, ପିତା: ଲକ୍ଷ୍ମୀଧର ବେହେରା, ଗାଁ: କୁମ୍ଭାରପଡ଼ା, ପୋ: ଜଟଣୀ, ଖୋର୍ଦ୍ଧା	୮୦,୪୬୭.୪୫	୩୨.୦୦୦	୮୫,୦୦୦/-
୨.	୩୩୮୪୬୩୫୦୦୦୦୨୧୨	ସୁନିତା ସାହୁ, ସ୍ୱାମୀ: ଗୋପାଳ ଚନ୍ଦ୍ର ସାହୁ, ଗାଁ: ବେଲପଡ଼ା, ଭୁବନେଶ୍ୱର, ଖୋର୍ଦ୍ଧା	୧,୦୨,୩୪୫.୦୦	୩୬.୫୦୦	୯୮,୦୦୦/-
୩.	୩୩୮୪୬୩୫୦୦୦୦୩୪୧	ପ୍ରଶାନ୍ତ କୁମାର ଦାସ, ପିତା: ରମେଶ ଚନ୍ଦ୍ର ଦାସ, ଗାଁ: ମୁକୁନ୍ଦପୁର, କଟକ	୬୫,୧୨୦.୭୬	୨୪.୨୦୦	୬୦,୦୦୦/-
୪.	୩୩୮୪୬୩୫୦୦୦୦୪୦୮	ଅନୁପମା ପ୍ରଧାନ, ସ୍ୱାମୀ: ବିଜୟ କୁମାର ପ୍ରଧାନ, ଗାଁ: ନୂଆଗାଁ, ନିଆଳି, କଟକ	୪୫,୮୯୦.୩୦	୧୮.୦୦୦	୪୫,୦୦୦/-
୫.	୩୩୮୪୬୩୫୦୦୦୦୫୨୩	ମନୋରଞ୍ଜନ ବେହେରା, ପିତା: କୃଷ୍ଣ ଚନ୍ଦ୍ର ବେହେରା, ଗାଁ: ସାଲେପୁର, କଟକ	୧,୨୪,୫୬୦.୦୦	୪୪.୦୦୦	୧,୧୮,୦୦୦/-
୬.	୩୩୮୪୬୩୫୦୦୦୦୬୧୫	ସଂଯୁକ୍ତା ମହାପାତ୍ର, ସ୍ୱାମୀ: ଅଶୋକ କୁମାର ମହାପାତ୍ର, ଗାଁ: ବାଲିଅନ୍ତା, ଖୋର୍ଦ୍ଧା	୩୮,୭୦୦.୫୫	୧୫.୫୦୦	୩୮,୦୦୦/-
୭.	୩୩୮୪୬୩୫୦୦୦୦୭୦୨	ଅରବିନ୍ଦ ସାମଲ, ପିତା: ଭାଗବତ ସାମଲ, ଗାଁ: ଅତ୍ରି, ଟାଙ୍ଗି, କଟକ	୫୨,୩୩୦.୦୦	୨୦.୦୦୦	୫୪,୦୦୦/-
୮.	୩୩୮୪୬୩୫୦୦୦୦୮୧୧	ଲିପିକା ନାୟକ, ସ୍ୱାମୀ: ସନ୍ତୋଷ କୁମାର ନାୟକ, ଗାଁ: କଣ୍ଟାପଡ଼ା, କଟକ	୭୧,୨୫୦.୮୦	୨୭.୦୦୦	୭୨,୦୦୦/-
୧.	୩୩୮୪୬୩୫୦୦୦୦୧୭୯	ଜାନକୀ ବେହେରା, ପିତା: ଲକ୍ଷ୍ମୀଧର ବେହେରା, ଗାଁ: କୁମ୍ଭାରପଡ଼ା, ପୋ: ଜଟଣୀ, ଖୋର୍ଦ୍ଧା	୮୦,୪୬୭.୪୫	୩୨.୦୦୦	୮୫,୦୦୦/-
୨.	୩୩୮୪୬୩୫୦୦୦୦୨୧୨	ସୁନିତା ସାହୁ, ସ୍ୱାମୀ: ଗୋପାଳ ଚନ୍ଦ୍ର ସାହୁ, ଗାଁ: ବେଲପଡ଼ା, ଭୁବନେଶ୍ୱର, ଖୋର୍ଦ୍ଧା	୧,୦୨,୩୪୫.୦୦	୩୬.୫୦୦	୯୮,୦୦୦/-
୩.	୩୩୮୪୬୩୫୦୦୦୦୩୪୧	ପ୍ରଶାନ୍ତ କୁମାର ଦାସ, ପିତା: ରମେଶ ଚନ୍ଦ୍ର ଦାସ, ଗାଁ: ମୁକୁନ୍ଦପୁର, କଟକ	୬୫,୧୨୦.୭୬	୨୪.୨୦୦	୬୦,୦୦୦/-
୪.	୩୩୮୪୬୩୫୦୦୦୦୪୦୮	ଅନୁପମା ପ୍ରଧାନ, ସ୍ୱାମୀ: ବିଜୟ କୁମାର ପ୍ରଧାନ, ଗାଁ: ନୂଆଗାଁ, ନିଆଳି, କଟକ	୪୫,୮୯୦.୩୦	୧୮.୦୦୦	୪୫,୦୦୦/-
ସଲେଇଶେବପୁର ଶାଖା (ନିଲାମ ତାରିଖ: ୨୪.୦୮.୨୦୧୮)					
୧.	୩୩୮୪୬୩୫୦୦୦୦୧୭୯	ଜାନକୀ ବେହେରା, ପିତା: ଲକ୍ଷ୍ମୀଧର ବେହେରା, ଗାଁ: କୁମ୍ଭାରପଡ଼ା, ପୋ: ଜଟଣୀ, ଖୋର୍ଦ୍ଧା	୮୦,୪୬୭.୪୫	୩୨.୦୦୦	୮୫,୦୦୦/-
୨.	୩୩୮୪୬୩୫୦୦୦୦୨୧୨	ସୁନିତା ସାହୁ, ସ୍ୱାମୀ: ଗୋପାଳ ଚନ୍ଦ୍ର ସାହୁ, ଗାଁ: ବେଲପଡ଼ା, ଭୁବନେଶ୍ୱର, ଖୋର୍ଦ୍ଧା	୧,୦୨,୩୪୫.୦୦	୩୬.୫୦୦	୯୮,୦୦୦/-
୩.	୩୩୮୪୬୩୫୦୦୦୦୩୪୧	ପ୍ରଶାନ୍ତ କୁମାର ଦାସ, ପିତା: ରମେଶ ଚନ୍ଦ୍ର ଦାସ, ଗାଁ: ମୁକୁନ୍ଦପୁର, କଟକ	୬୫,୧୨୦.୭୬	୨୪.୨୦୦	୬୦,୦୦୦/-
୪.	୩୩୮୪୬୩୫୦୦୦୦୪୦୮	ଅନୁପମା ପ୍ରଧାନ, ସ୍ୱାମୀ: ବିଜୟ କୁମାର ପ୍ରଧାନ, ଗାଁ: ନୂଆଗାଁ, ନିଆଳି, କଟକ	୪୫,୮୯୦.୩୦	୧୮.୦୦୦	୪୫,୦୦୦/-
୫.	୩୩୮୪୬୩୫୦୦୦୦୫୨୩	ମନୋରଞ୍ଜନ ବେହେରା, ପିତା: କୃଷ୍ଣ ଚନ୍ଦ୍ର ବେହେରା, ଗାଁ: ସାଲେପୁର, କଟକ	୧,୨୪,୫୬୦.୦୦	୪୪.୦୦୦	୧,୧୮,୦୦୦/-
୬.	୩୩୮୪୬୩୫୦୦୦୦୬୧୫	ସଂଯୁକ୍ତା ମହାପାତ୍ର, ସ୍ୱାମୀ: ଅଶୋକ କୁମାର ମହାପାତ୍ର, ଗାଁ: ବାଲିଅନ୍ତା, ଖୋର୍ଦ୍ଧା	୩୮,୭୦୦.୫୫	୧୫.୫୦୦	୩୮,୦୦୦/-
୭.	୩୩୮୪୬୩୫୦୦୦୦୭୦୨	ଅରବିନ୍ଦ ସାମଲ, ପିତା: ଭାଗବତ ସାମଲ, ଗାଁ: ଅତ୍ରି, ଟାଙ୍ଗି, କଟକ	୫୨,୩୩୦.୦୦	୨୦.୦୦୦	୫୪,୦୦୦/-
୮.	୩୩୮୪୬୩୫୦୦୦୦୮୧୧	ଲିପିକା ନାୟକ, ସ୍ୱାମୀ: ସନ୍ତୋଷ କୁମାର ନାୟକ, ଗାଁ: କଣ୍ଟାପଡ଼ା, କଟକ	୭୧,୨୫୦.୮୦	୨୭.୦୦୦	୭୨,୦୦୦/-
୧.	୩୩୮୪୬୩୫୦୦୦୦୧୭୯	ଜାନକୀ ବେହେରା, ପିତା: ଲକ୍ଷ୍ମୀଧର ବେହେରା, ଗାଁ: କୁମ୍ଭାରପଡ଼ା, ପୋ: ଜଟଣୀ, ଖୋର୍ଦ୍ଧା	୮୦,୪୬୭.୪୫	୩୨.୦୦୦	୮୫,୦୦୦/-
୨.	୩୩୮୪୬୩୫୦୦୦୦୨୧୨	ସୁନିତା ସାହୁ, ସ୍ୱାମୀ: ଗୋପାଳ ଚନ୍ଦ୍ର ସାହୁ, ଗାଁ: ବେଲପଡ଼ା, ଭୁବନେଶ୍ୱର, ଖୋର୍ଦ୍ଧା	୧,୦୨,୩୪୫.୦୦	୩୬.୫୦୦	୯୮,୦୦୦/-
୩.	୩୩୮୪୬୩୫୦୦୦୦୩୪୧	ପ୍ରଶାନ୍ତ କୁମାର ଦାସ, ପିତା: ରମେଶ ଚନ୍ଦ୍ର ଦାସ, ଗାଁ: ମୁକୁନ୍ଦପୁର, କଟକ	୬୫,୧୨୦.୭୬	୨୪.୨୦୦	୬୦,୦୦୦/-
୪.	୩୩୮୪୬୩୫୦୦୦୦୪୦୮	ଅନୁପମା ପ୍ରଧାନ, ସ୍ୱାମୀ: ବିଜୟ କୁମାର ପ୍ରଧାନ, ଗାଁ: ନୂଆଗାଁ, ନିଆଳି, କଟକ	୪୫,୮୯୦.୩୦	୧୮.୦୦୦	୪୫,୦୦୦/-
୫.	୩୩୮୪୬୩୫୦୦୦୦୫୨୩	ମନୋରଞ୍ଜନ ବେହେରା, ପିତା: କୃଷ୍ଣ ଚନ୍ଦ୍ର ବେହେରା, ଗାଁ: ସାଲେପୁର, କଟକ	୧,୨୪,୫୬୦.୦୦	୪୪.୦୦୦	୧,୧୮,୦୦୦/-
୬.	୩୩୮୪୬୩୫୦୦୦୦୬୧୫	ସଂଯୁକ୍ତା ମହାପାତ୍ର, ସ୍ୱାମୀ: ଅଶୋକ କୁମାର ମହାପାତ୍ର, ଗାଁ: ବାଲିଅନ୍ତା, ଖୋର୍ଦ୍ଧା	୩୮,୭୦୦.୫୫	୧୫.୫୦୦	୩୮,୦୦୦/-
୭.	୩୩୮୪୬୩୫୦୦୦୦୭୦୨	ଅରବିନ୍ଦ ସାମଲ, ପିତା: ଭାଗବତ ସାମଲ, ଗାଁ: ଅତ୍ରି, ଟାଙ୍ଗି, କଟକ	୫୨,୩୩୦.୦୦	୨୦.୦୦୦	୫୪,୦୦୦/-
୮.	୩୩୮୪୬୩୫୦୦୦୦୮୧୧	ଲିପିକା ନାୟକ, ସ୍ୱାମୀ: ସନ୍ତୋଷ କୁମାର ନାୟକ, ଗାଁ: କଣ୍ଟାପଡ଼ା, କଟକ	୭୧,୨୫୦.୮୦	୨୭.୦୦୦	୭୨,୦୦୦/-
୧.	୩୩୮୪୬୩୫୦୦୦୦୧୭୯	ଜାନକୀ ବେହେରା, ପିତା: ଲକ୍ଷ୍ମୀଧର ବେହେରା, ଗାଁ: କୁମ୍ଭାରପଡ଼ା, ପୋ: ଜଟଣୀ, ଖୋର୍ଦ୍ଧା	୮୦,୪୬୭.୪୫	୩୨.୦୦୦	୮୫,୦୦୦/-
୨.	୩୩୮୪୬୩୫୦୦୦୦୨୧୨	ସୁନିତା ସାହୁ, ସ୍ୱାମୀ: ଗୋପାଳ ଚନ୍ଦ୍ର ସାହୁ, ଗାଁ: ବେଲପଡ଼ା, ଭୁବନେଶ୍ୱର, ଖୋର୍ଦ୍ଧା	୧,୦୨,୩୪୫.୦୦	୩୬.୫୦୦	୯୮,୦୦୦/-
୩.	୩୩୮୪୬୩୫୦୦୦୦୩୪୧	ପ୍ରଶାନ୍ତ କୁମାର ଦାସ, ପିତା: ରମେଶ ଚନ୍ଦ୍ର ଦାସ, ଗାଁ: ମୁକୁନ୍ଦପୁର, କଟକ	୬୫,୧୨୦.୭୬	୨୪.୨୦୦	୬୦,୦୦୦/-
୪.	୩୩୮୪୬୩୫୦୦୦୦୪୦୮	ଅନୁପମା ପ୍ରଧାନ, ସ୍ୱାମୀ: ବିଜୟ କୁମାର ପ୍ରଧାନ, ଗାଁ: ନୂଆଗାଁ, ନିଆଳି, କଟକ	୪୫,୮୯୦.୩୦	୧୮.୦୦୦	୪୫,୦୦୦/-
୫.	୩୩୮୪୬୩୫୦୦୦୦୫୨୩	ମନୋରଞ୍ଜନ ବେହେରା, ପିତା: କୃଷ୍ଣ ଚନ୍ଦ୍ର ବେହେରା, ଗାଁ: ସାଲେପୁର, କଟକ	୧,୨୪,୫୬୦.୦୦	୪୪.୦୦୦	୧,୧୮,୦୦୦/-
୬.	୩୩୮୪୬୩୫୦୦୦୦୬୧୫	ସଂଯୁକ୍ତା ମହାପାତ୍ର, ସ୍ୱାମୀ: ଅଶୋକ କୁମାର ମହାପାତ୍ର, ଗାଁ: ବାଲିଅନ୍ତା, ଖୋର୍ଦ୍ଧା	୩୮,୭୦୦.୫୫	୧୫.୫୦୦	୩୮,୦୦୦/-
୭.	୩୩୮୪୬୩୫୦୦୦୦୭୦୨	ଅରବିନ୍ଦ ସାମଲ, ପିତା: ଭାଗବତ ସାମଲ, ଗାଁ: ଅତ୍ରି, ଟାଙ୍ଗି, କଟକ	୫୨,୩୩୦.୦୦	୨୦.୦୦୦	୫୪,୦୦୦/-
୮.	୩୩୮୪୬୩୫୦୦୦୦୮୧୧	ଲିପିକା ନାୟକ, ସ୍ୱାମୀ: ସନ୍ତୋଷ କୁମାର ନାୟକ, ଗାଁ: କଣ୍ଟାପଡ଼ା, କଟକ	୭୧,୨୫୦.୮୦	୨୭.୦୦୦	୭୨,୦୦୦/-
୧.	୩୩୮୪୬୩୫୦୦୦୦୧୭୯	ଜାନକୀ ବେହେରା, ପିତା: ଲକ୍ଷ୍ମୀଧର ବେହେରା, ଗାଁ: କୁମ୍ଭାରପଡ଼ା, ପୋ: ଜଟଣୀ, ଖୋର୍ଦ୍ଧା	୮୦,୪୬୭.୪୫	୩୨.୦୦୦	୮୫,୦୦୦/-
୨.	୩୩୮୪୬୩୫୦୦୦୦୨୧୨	ସୁନିତା ସାହୁ, ସ୍ୱାମୀ: ଗୋପାଳ ଚନ୍ଦ୍ର ସାହୁ, ଗାଁ: ବେଲପଡ଼ା, ଭୁବନେଶ୍ୱର, ଖୋର୍ଦ୍ଧା	୧,୦୨,୩୪୫.୦୦	୩୬.୫୦୦	୯୮,୦୦୦/-
୩.	୩୩୮୪୬୩୫୦୦୦୦୩୪୧	ପ୍ରଶାନ୍ତ କୁମାର ଦାସ, ପିତା: ରମେଶ ଚନ୍ଦ୍ର ଦାସ, ଗାଁ: ମୁକୁନ୍ଦପୁର, କଟକ	୬୫,୧୨୦.୭୬	୨୪.୨୦୦	୬୦,୦୦୦/-
୪.	୩୩୮୪୬୩୫୦୦୦୦୪୦୮	ଅନୁପମା ପ୍ରଧାନ, ସ୍ୱାମୀ: ବିଜୟ କୁମାର ପ୍ରଧାନ, ଗାଁ: ନୂଆଗାଁ, ନିଆଳି, କଟକ	୪୫,୮୯୦.୩୦	୧୮.୦୦୦	୪୫,୦୦୦/-
୫.	୩୩୮୪୬୩୫୦୦୦୦୫୨୩	ମନୋରଞ୍ଜନ ବେହେରା, ପିତା: କୃଷ୍ଣ ଚନ୍ଦ୍ର ବେହେରା, ଗାଁ: ସାଲେପୁର, କଟକ	୧,୨୪,୫୬୦.୦୦	୪୪.୦୦୦	୧,୧୮,୦୦୦/-
୬.	୩୩୮୪୬୩୫୦୦୦୦୬୧୫	ସଂଯୁକ୍ତା ମହାପାତ୍ର, ସ୍ୱାମୀ: ଅଶୋକ କୁମାର ମହାପାତ୍ର, ଗାଁ: ବାଲିଅନ୍ତା, ଖୋର୍ଦ୍ଧା	୩୮,୭୦୦.୫୫	୧୫.୫୦୦	୩୮,୦୦୦/-
୭.	୩୩୮୪୬୩୫୦୦୦୦୭୦୨	ଅରବିନ୍ଦ ସାମଲ, ପିତା: ଭାଗବତ ସାମଲ, ଗାଁ: ଅତ୍ରି, ଟାଙ୍ଗି, କଟକ	୫୨,୩୩୦.୦୦	୨୦.୦୦୦	୫୪,୦୦୦/-
୮.	୩୩୮୪୬୩୫୦୦୦୦୮୧୧	ଲିପିକା ନାୟକ, ସ୍ୱାମୀ: ସନ୍ତୋଷ କୁମାର ନାୟକ, ଗାଁ: କଣ୍ଟାପଡ଼ା, କଟକ	୭୧,୨୫୦.୮୦	୨୭.୦୦୦	୭୨,୦୦୦/-
୧.	୩୩୮୪୬୩୫୦୦୦୦୧୭୯	ଜାନକୀ ବେହେରା, ପିତା: ଲକ୍ଷ୍ମୀଧର ବେହେରା, ଗାଁ: କୁମ୍ଭାରପଡ଼ା, ପୋ: ଜଟଣୀ, ଖୋର୍ଦ୍ଧା	୮୦,୪୬୭.୪୫	୩୨.୦୦୦	୮୫,୦୦୦/-
୨.	୩୩୮୪୬୩୫୦୦୦୦୨୧୨	ସୁନିତା ସାହୁ, ସ୍ୱାମୀ: ଗୋପାଳ ଚନ୍ଦ୍ର ସାହୁ, ଗାଁ: ବେଲପଡ଼ା, ଭୁବନେଶ୍ୱର, ଖୋର୍ଦ୍ଧା	୧,୦୨,୩୪୫.୦୦	୩୬.୫୦୦	୯୮,୦୦୦/-
୩.	୩୩୮୪୬୩୫୦୦୦୦୩୪୧	ପ୍ରଶାନ୍ତ କୁମାର ଦାସ, ପିତା: ରମେଶ ଚନ୍ଦ୍ର ଦାସ, ଗାଁ: ମୁକୁନ୍ଦପୁର, କଟକ	୬୫,୧୨୦.୭୬	୨୪.୨୦୦	୬୦,୦୦୦/-
୪.	୩୩୮୪୬୩୫୦୦୦୦୪୦୮	ଅନୁପମା ପ୍ରଧାନ, ସ୍ୱାମୀ: ବିଜୟ କୁମାର ପ୍ରଧାନ, ଗାଁ: ନୂଆଗାଁ, ନିଆଳି, କଟକ	୪୫,୮୯୦.୩୦	୧୮.୦୦୦	୪୫,୦୦୦/-
୫.	୩୩୮୪୬୩୫୦୦୦୦୫୨୩	ମନୋରଞ୍ଜନ ବେହେରା, ପିତା: କୃଷ୍ଣ ଚନ୍ଦ୍ର ବେହେରା, ଗାଁ: ସାଲେପୁର, କଟକ	୧,୨୪,୫୬୦.୦୦	୪୪.୦୦୦	୧,୧୮,୦୦୦/-
୬.	୩୩୮୪୬୩୫୦୦୦୦୬୧୫	ସଂଯୁକ୍ତା ମହାପାତ୍ର, ସ୍ୱାମୀ: ଅଶୋକ କୁମାର ମହାପାତ୍ର, ଗାଁ: ବାଲିଅନ୍ତା, ଖୋର୍ଦ୍ଧା	୩୮,୭୦୦.୫୫	୧୫.୫୦୦	୩୮,୦୦୦/-
୭.	୩୩୮୪୬୩୫୦୦୦୦୭୦୨	ଅରବିନ୍ଦ ସାମଲ, ପିତା: ଭାଗବତ ସାମଲ, ଗାଁ: ଅତ୍ରି, ଟାଙ୍ଗି, କଟକ	୫୨,୩୩୦.୦୦	୨୦.୦୦୦	୫୪,୦୦୦/-
୮.	୩୩୮୪୬୩୫୦୦୦୦୮୧୧	ଲିପିକା ନାୟକ, ସ୍ୱାମୀ: ସନ୍ତୋଷ କୁମାର ନାୟକ, ଗାଁ: କଣ୍ଟାପଡ଼ା, କଟକ	୭୧,୨୫୦.୮୦	୨୭.୦୦୦	୭୨,୦୦୦/-
୧.	୩୩୮୪୬୩୫୦୦୦୦୧୭୯	ଜାନକୀ ବେହେରା, ପିତା: ଲକ୍ଷ୍ମୀଧର ବେହେରା, ଗାଁ: କୁମ୍ଭାରପଡ଼ା, ପୋ: ଜଟଣୀ, ଖୋର୍ଦ୍ଧା	୮୦,୪୬୭.୪୫	୩୨.୦୦୦	୮୫,୦୦୦/-
୨.	୩୩୮୪୬୩୫୦୦୦୦୨୧୨	ସୁନିତା ସାହୁ, ସ୍ୱାମୀ: ଗୋପାଳ ଚନ୍ଦ୍ର ସାହୁ, ଗାଁ: ବେଲପଡ଼ା, ଭୁବନେଶ୍ୱର, ଖୋର୍ଦ୍ଧା	୧,୦୨,୩୪୫.୦୦	୩୬.୫୦୦	୯୮,୦୦୦/-
୩.	୩୩୮୪୬୩୫୦୦୦୦୩୪୧	ପ୍ରଶାନ୍ତ କୁମାର ଦାସ, ପିତା: ରମେଶ ଚନ୍ଦ୍ର ଦାସ, ଗାଁ: ମୁକୁନ୍ଦପୁର, କଟକ	୬୫,୧୨୦.୭୬	୨୪.୨୦୦	୬୦,୦୦୦/-
୪.	୩୩୮୪୬୩୫୦୦୦୦୪୦୮	ଅନୁପମା ପ୍ରଧାନ, ସ୍ୱାମୀ: ବିଜୟ କୁମାର ପ୍ରଧାନ, ଗାଁ: ନୂଆଗାଁ, ନିଆଳି, କଟକ	୪୫,୮୯୦.୩୦	୧୮.୦୦୦	୪୫,୦୦୦/-
୫.	୩୩୮୪୬୩୫୦୦୦୦୫୨୩	ମନୋରଞ୍ଜନ ବେହେରା, ପିତା: କୃଷ୍ଣ ଚନ୍ଦ୍ର ବେହେରା, ଗାଁ: ସାଲେପୁର, କଟକ	୧,୨୪,୫୬୦.୦୦	୪୪.୦୦୦	୧,୧୮,୦୦୦/-
୬.	୩୩୮୪୬୩୫୦୦୦୦୬୧୫	ସଂଯୁକ୍ତା ମହାପାତ୍ର, ସ୍ୱାମୀ: ଅଶୋକ କୁମାର ମହାପାତ୍ର, ଗାଁ: ବାଲିଅନ୍ତା, ଖୋର୍ଦ୍ଧା	୩୮,୭୦୦.୫୫	୧୫.୫୦୦	୩୮,୦୦୦/-
୭.	୩୩୮୪୬୩୫୦୦୦୦୭୦୨	ଅରବିନ୍ଦ ସାମଲ, ପିତା: ଭାଗବତ ସାମଲ, ଗାଁ: ଅତ୍ରି, ଟାଙ୍ଗି, କଟକ	୫୨,୩୩୦.୦୦	୨୦.୦୦୦	୫୪,୦୦୦/-
୮.	୩୩୮୪୬୩୫୦୦୦୦୮୧୧	ଲିପିକା ନାୟକ, ସ୍ୱାମୀ: ସନ୍ତୋଷ କୁମାର ନାୟକ, ଗାଁ: କଣ୍ଟାପଡ଼ା, କଟକ	୭୧,୨୫୦.୮୦	୨୭.୦୦୦	୭୨,୦୦୦/-
୧.	୩୩୮୪୬୩୫୦୦୦୦୧୭୯	ଜାନକୀ ବେହେରା, ପିତା: ଲକ୍ଷ୍ମୀଧର ବେହେରା, ଗାଁ: କୁମ୍ଭାରପଡ଼ା, ପୋ: ଜଟଣୀ, ଖୋର୍ଦ୍ଧା	୮୦,୪୬୭.୪୫	୩୨.୦୦୦	୮୫,୦୦୦/-
୨.	୩୩୮୪୬୩୫୦୦୦୦୨୧୨	ସୁନିତା ସାହୁ, ସ୍ୱାମୀ: ଗୋପାଳ ଚନ୍ଦ୍ର ସାହୁ, ଗାଁ: ବେଲପଡ଼ା, ଭୁବନେଶ୍ୱର, ଖୋର୍ଦ୍ଧା	୧,୦୨,୩୪୫.୦୦	୩୬.୫୦୦	୯୮,୦୦୦/-
୩.	୩୩୮୪୬୩୫୦୦୦୦୩୪୧	ପ୍ରଶାନ୍ତ କୁମାର ଦାସ, ପିତା: ରମେଶ ଚନ୍ଦ୍ର ଦାସ, ଗାଁ: ମୁକୁନ୍ଦପୁର, କଟକ	୬୫,୧୨୦.୭୬	୨୪.୨୦୦	୬୦,୦୦୦/-
୪.	୩୩୮୪୬୩୫୦୦୦୦୪୦୮	ଅନୁପମା ପ୍ରଧାନ, ସ୍ୱାମୀ: ବିଜୟ କୁମାର ପ୍ରଧାନ, ଗାଁ: ନୂଆଗାଁ, ନିଆଳି, କଟକ	୪୫,୮୯୦.୩୦	୧୮.୦୦୦	୪୫,୦୦୦/-
୫.	୩୩୮୪୬୩୫୦୦୦୦୫୨୩	ମନୋରଞ୍ଜନ ବେହେରା, ପିତା: କୃଷ୍ଣ ଚନ୍ଦ୍ର ବେହେରା, ଗାଁ: ସାଲେପୁର, କଟକ	୧,୨୪,୫୬୦.୦୦	୪୪.୦୦୦	୧,୧୮,୦୦୦/-
୬.	୩୩୮୪୬୩୫୦୦୦୦୬୧୫	ସଂଯୁକ୍ତା ମହାପାତ୍ର, ସ୍ୱାମୀ: ଅଶୋକ କୁମାର ମହାପାତ୍ର, ଗାଁ: ବାଲିଅନ୍ତା, ଖୋର୍ଦ୍ଧା	୩୮,୭୦୦.୫୫	୧୫.୫୦୦	୩୮,୦୦୦/-
୭.	୩୩୮୪୬୩୫୦୦୦୦୭୦୨	ଅରବିନ୍ଦ ସାମଲ, ପିତା: ଭାଗବତ ସାମଲ, ଗାଁ: ଅତ୍ରି, ଟାଙ୍ଗି, କଟକ	୫୨,୩୩୦.୦୦	୨୦.୦୦୦	୫୪,୦୦୦/-
୮.	୩୩୮୪୬୩୫୦୦୦୦୮୧୧	ଲିପିକା ନାୟକ, ସ୍ୱାମୀ: ସନ୍ତୋଷ କୁମାର ନାୟକ, ଗାଁ: କଣ୍ଟାପଡ଼ା, କଟକ	୭୧,୨୫୦.୮୦	୨୭.୦୦୦	୭୨,୦୦୦/-
ଅନ୍ତସପୁର ଶାଖା (ନିଲାମ ତାରିଖ: ୨୪.୦୮.୨୦୧୮)					
୧.	୩୩୮୪୬୩୫୦୦୦୦୧୭୯	ଜାନକୀ ବେହେରା, ପିତା: ଲକ୍ଷ୍ମୀଧର ବେହେରା, ଗାଁ: କୁମ୍ଭାରପଡ଼ା, ପୋ: ଜଟଣୀ, ଖୋର୍ଦ୍ଧା	୮୦,୪୬୭.୪୫	୩୨.୦୦୦	୮୫,୦୦୦/-
୨.	୩୩୮୪୬୩୫୦୦୦୦୨୧୨	ସୁନିତା ସାହୁ, ସ୍ୱାମୀ: ଗୋପାଳ ଚନ୍ଦ୍ର ସାହୁ, ଗାଁ: ବେଲପଡ଼ା, ଭୁବନେଶ୍ୱର, ଖୋର୍ଦ୍ଧା	୧,୦୨,୩୪୫.୦୦	୩୬.୫୦୦	୯୮,୦୦୦/-
୩.	୩୩୮୪୬୩୫୦୦୦୦୩୪୧	ପ୍ରଶାନ୍ତ କୁମାର ଦାସ, ପିତା: ରମେଶ ଚନ୍ଦ୍ର ଦାସ, ଗାଁ: ମୁକୁନ୍ଦପୁର, କଟକ	୬୫,୧୨୦.୭୬	୨୪.୨୦୦	୬୦,୦୦୦/-
୪.	୩୩୮୪୬୩୫୦୦୦୦୪୦୮	ଅନୁପମା ପ୍ରଧାନ, ସ୍ୱାମୀ: ବିଜୟ କୁମାର ପ୍ରଧାନ, ଗାଁ: ନୂଆଗାଁ, ନିଆଳି, କଟକ	୪୫,୮୯୦.୩୦	୧୮.୦୦୦	୪୫,୦୦୦/-
୫.	୩୩୮୪୬୩୫୦୦୦୦୫୨୩	ମନୋରଞ୍ଜନ ବେହେରା, ପିତା: କୃଷ୍ଣ ଚନ୍ଦ୍ର ବେହେରା, ଗାଁ: ସାଲେପୁର, କଟକ	୧,୨୪,୫୬୦.୦୦	୪୪.୦୦୦	୧,୧୮,୦୦୦/-
୬.	୩୩୮୪୬୩୫୦୦୦୦୬୧୫	ସଂଯୁକ୍ତା ମହାପାତ୍ର, ସ୍ୱାମୀ: ଅଶୋକ କୁମାର ମହାପାତ୍ର, ଗାଁ: ବାଲିଅନ୍ତା, ଖୋର୍ଦ୍ଧା	୩୮,୭୦୦.୫୫	୧୫.୫୦୦	୩୮,୦୦୦/-
୭.	୩୩୮୪୬୩୫୦୦୦୦୭୦୨	ଅରବିନ୍ଦ ସାମଲ, ପିତା: ଭାଗବତ ସାମଲ, ଗାଁ: ଅତ୍ରି, ଟାଙ୍ଗି, କଟକ	୫୨,୩୩୦.୦୦	୨୦.୦୦୦	୫୪,୦୦୦/-
୮.	୩୩୮୪୬୩୫୦୦୦୦୮୧୧	ଲିପିକା ନାୟକ, ସ୍ୱାମୀ: ସନ୍ତୋଷ କୁମାର ନାୟକ, ଗାଁ: କଣ୍ଟାପଡ଼ା, କଟକ	୭୧,୨୫୦.୮୦	୨୭.୦୦୦	୭୨,୦୦୦/-
୧.	୩୩୮୪୬୩୫୦୦୦୦୧୭୯	ଜାନକୀ ବେହେରା, ପିତା: ଲକ୍ଷ୍ମୀଧର ବେହେରା, ଗାଁ: କୁମ୍ଭାରପଡ଼ା, ପୋ: ଜଟଣୀ, ଖୋର୍ଦ୍ଧା	୮୦,୪୬୭.୪୫	୩୨.୦୦୦	୮୫,୦୦୦/-
୨.	୩୩୮୪୬୩୫୦୦୦୦୨୧୨	ସୁନିତା ସାହୁ, ସ୍ୱାମୀ: ଗୋପାଳ ଚନ୍ଦ୍ର ସାହୁ, ଗାଁ: ବେଲପଡ଼ା, ଭୁବନେଶ୍ୱର, ଖୋର୍ଦ୍ଧା	୧,୦୨,୩୪୫.୦୦	୩୬.୫୦୦	୯୮,୦୦୦/-
୩.	୩୩୮୪୬୩୫୦୦୦୦୩୪୧	ପ୍ରଶାନ୍ତ କୁମାର ଦାସ, ପିତା: ରମେଶ ଚନ୍ଦ୍ର ଦାସ, ଗାଁ: ମୁକୁନ୍ଦପୁର, କଟକ	୬୫,୧୨୦.୭୬	୨୪.୨୦୦	୬୦,୦୦୦/-
୪.	୩୩୮୪୬୩୫୦୦୦୦୪୦୮	ଅନୁପମା ପ୍ରଧାନ, ସ୍ୱାମୀ: ବିଜୟ କୁମାର ପ୍ରଧାନ, ଗାଁ: ନୂଆଗାଁ, ନିଆଳି, କଟକ	୪୫,୮୯୦.୩୦	୧୮.୦୦୦	୪୫,୦୦୦/-
୫.	୩୩୮୪୬୩୫୦୦୦୦୫୨୩	ମନୋରଞ୍ଜନ ବେହେରା, ପିତା: କୃଷ୍ଣ ଚନ୍ଦ୍ର ବେହେରା, ଗାଁ: ସାଲେପୁର, କଟକ	୧,୨୪,୫୬୦.୦୦	୪୪.୦୦୦	୧,୧୮,୦୦୦/-
୬.	୩୩୮୪୬୩୫୦୦୦୦୬୧୫	ସଂଯୁକ୍ତା ମହାପାତ୍ର, ସ୍ୱାମୀ: ଅଶୋକ କୁମାର ମହାପାତ୍ର, ଗାଁ: ବାଲିଅନ୍ତା, ଖୋର୍ଦ୍ଧା	୩୮,୭୦୦.୫୫	୧୫.୫୦୦	୩୮,୦୦୦/-
୭.	୩୩୮୪୬୩୫୦୦୦୦୭୦୨	ଅରବିନ୍ଦ ସାମଲ, ପିତା: ଭାଗବତ ସାମଲ, ଗାଁ: ଅତ୍ରି, ଟାଙ୍ଗି, କଟକ	୫୨,୩୩୦.୦୦	୨୦.୦୦୦	୫୪,୦୦୦/-
୮.	୩୩୮୪୬୩୫୦୦୦୦୮୧୧	ଲିପିକା ନାୟକ, ସ୍ୱାମୀ: ସନ୍ତୋଷ କୁମାର ନାୟକ, ଗାଁ: କଣ୍ଟାପଡ଼ା, କଟକ	୭୧,୨୫୦.୮୦	୨୭.୦୦୦	୭୨,୦୦୦/-
୧.	୩୩୮୪୬୩୫୦୦୦୦୧୭୯	ଜାନକୀ ବେହେରା, ପିତା: ଲକ୍ଷ୍ମୀଧର ବେହେରା, ଗାଁ: କୁମ୍ଭାରପଡ଼ା, ପୋ: ଜଟଣୀ, ଖୋର୍ଦ୍ଧା	୮୦,୪୬୭.୪୫	୩୨.୦୦୦	୮୫,୦୦୦/-
୨.	୩୩୮୪୬୩୫୦୦୦୦୨୧୨	ସୁନିତା ସାହୁ, ସ୍ୱାମୀ: ଗୋପାଳ ଚନ୍ଦ୍ର ସାହୁ, ଗାଁ: ବେଲପଡ଼ା, ଭୁବନେଶ୍ୱର, ଖୋର୍ଦ୍ଧା	୧,୦୨,୩୪୫.୦୦	୩୬.୫୦୦	୯୮,୦୦୦/-
୩.	୩୩୮୪୬୩୫୦୦୦୦୩୪୧	ପ୍ରଶାନ୍ତ କୁମାର ଦାସ, ପିତା: ରମେଶ ଚନ୍ଦ୍ର ଦାସ, ଗାଁ: ମୁକୁନ୍ଦପୁର, କଟକ	୬୫,୧୨୦.୭୬	୨୪.୨୦୦	୬୦,୦୦୦/-
୪.	୩୩୮୪୬୩୫୦୦୦୦୪୦୮	ଅନୁପମା ପ୍ରଧାନ, ସ୍ୱାମୀ: ବିଜୟ କୁମାର ପ୍ରଧାନ, ଗାଁ: ନୂଆଗାଁ, ନିଆଳି, କଟକ	୪୫,୮୯୦.୩୦	୧୮.୦୦୦	୪୫,୦୦୦/-
୫.	୩୩୮୪୬୩୫୦୦୦୦୫୨୩	ମନୋରଞ୍ଜନ ବେହେରା, ପିତା: କୃଷ୍ଣ ଚନ୍ଦ୍ର ବେହେରା, ଗାଁ: ସାଲେପୁର, କଟକ	୧,୨୪,୫୬୦.୦୦	୪୪.୦୦୦	୧,୧୮,୦୦୦/-
୬.	୩୩୮୪୬୩୫୦୦୦୦୬୧୫	ସଂଯୁକ୍ତା ମହାପାତ୍ର, ସ୍ୱାମୀ: ଅଶୋକ କୁମାର ମହାପାତ୍ର, ଗାଁ: ବାଲିଅନ୍ତା, ଖୋର୍ଦ୍ଧା	୩୮,୭୦୦.୫୫	୧୫.୫୦୦	୩୮,୦୦୦/-
୭.	୩୩୮୪୬୩୫୦୦୦୦୭୦୨	ଅରବିନ୍ଦ ସାମଲ, ପିତା: ଭାଗବତ ସାମଲ, ଗାଁ: ଅତ୍ରି, ଟାଙ୍ଗି, କଟକ	୫୨,୩୩୦.୦୦	୨୦.୦୦୦	୫୪,୦୦୦/-
୮.	୩୩୮୪୬୩୫୦୦୦୦୮୧୧	ଲିପିକା ନାୟକ, ସ୍ୱାମୀ: ସନ୍ତୋଷ କୁମାର ନାୟକ, ଗାଁ: କଣ୍ଟାପଡ଼ା, କଟକ	୭୧,୨୫୦.୮୦	୨୭.୦୦୦	୭୨,୦୦୦/-
୧.	୩୩୮୪୬୩୫୦୦୦୦୧୭୯	ଜାନକୀ ବେହେରା, ପିତା: ଲକ୍ଷ୍ମୀଧର ବେହେରା, ଗାଁ: କୁମ୍ଭାରପଡ଼ା, ପୋ: ଜଟଣୀ, ଖୋର୍ଦ୍ଧା	୮୦,୪୬୭.୪୫	୩୨.୦୦୦	୮୫,୦୦୦/-
୨.	୩୩୮୪୬୩୫୦୦୦୦୨୧୨	ସୁନିତା ସାହୁ, ସ୍ୱାମୀ: ଗୋପାଳ ଚନ୍ଦ୍ର ସାହୁ, ଗାଁ: ବେଲପଡ଼ା, ଭୁବନେଶ୍ୱର, ଖୋର୍ଦ୍ଧା	୧,୦୨,୩୪୫.୦୦	୩୬.୫୦୦	୯୮,୦୦୦/-
୩.	୩୩୮୪୬୩୫୦୦୦୦୩୪୧	ପ୍ରଶାନ୍ତ କୁମାର ଦାସ, ପିତା: ରମେଶ ଚନ୍ଦ୍ର ଦାସ, ଗାଁ: ମୁକୁନ୍ଦପୁର, କଟକ	୬୫,୧୨୦.୭୬	୨୪.୨୦୦	୬୦,୦୦୦/-
୪.	୩୩୮୪୬୩୫୦୦୦୦୪୦୮	ଅନୁପମା ପ୍ରଧାନ, ସ୍ୱାମୀ: ବିଜୟ କୁମାର ପ୍ରଧାନ, ଗାଁ: ନୂଆଗାଁ, ନିଆଳି, କଟକ	୪୫,୮୯୦.୩୦	୧୮.୦୦୦	୪୫,୦୦୦/-
୫.	୩୩୮୪୬୩୫୦୦୦୦୫୨୩	ମନୋରଞ୍ଜନ ବେହେରା, ପିତା: କୃଷ୍ଣ ଚନ୍ଦ୍ର ବେହେରା, ଗାଁ: ସାଲେପୁର, କଟକ	୧,୨୪,୫୬୦.୦୦	୪୪.୦୦୦	୧,୧୮,୦୦୦/-
୬.	୩୩୮୪୬୩୫୦୦୦୦୬୧୫	ସଂଯୁକ୍ତା ମହାପାତ୍ର, ସ୍ୱାମୀ: ଅଶୋକ କୁମାର ମହାପାତ୍ର, ଗାଁ: ବାଲିଅନ୍ତା, ଖୋର୍ଦ୍ଧା	୩୮,୭୦୦.୫୫	୧୫.୫୦୦	୩୮,୦୦୦/-
୭.	୩୩୮୪୬୩୫୦୦୦୦୭୦୨	ଅରବିନ୍ଦ ସାମଲ, ପିତା: ଭାଗବତ ସାମଲ, ଗାଁ: ଅତ୍ରି, ଟାଙ୍ଗି, କଟକ	୫୨,୩୩୦.୦୦	୨୦.୦୦୦	୫୪,୦୦୦/-
୮.	୩୩୮୪୬୩୫୦୦୦୦୮୧୧	ଲିପିକା ନାୟକ, ସ୍ୱାମୀ: ସନ୍ତୋଷ କୁମାର ନାୟକ, ଗାଁ: କଣ୍ଟାପଡ଼ା, କଟକ	୭୧,୨୫୦.୮୦	୨୭.୦୦୦	୭୨,୦୦୦/-
ଅବଶିଷ୍ଟାଂଶ ପରବର୍ତ୍ତୀ ପୃଷ୍ଠାରେ......
